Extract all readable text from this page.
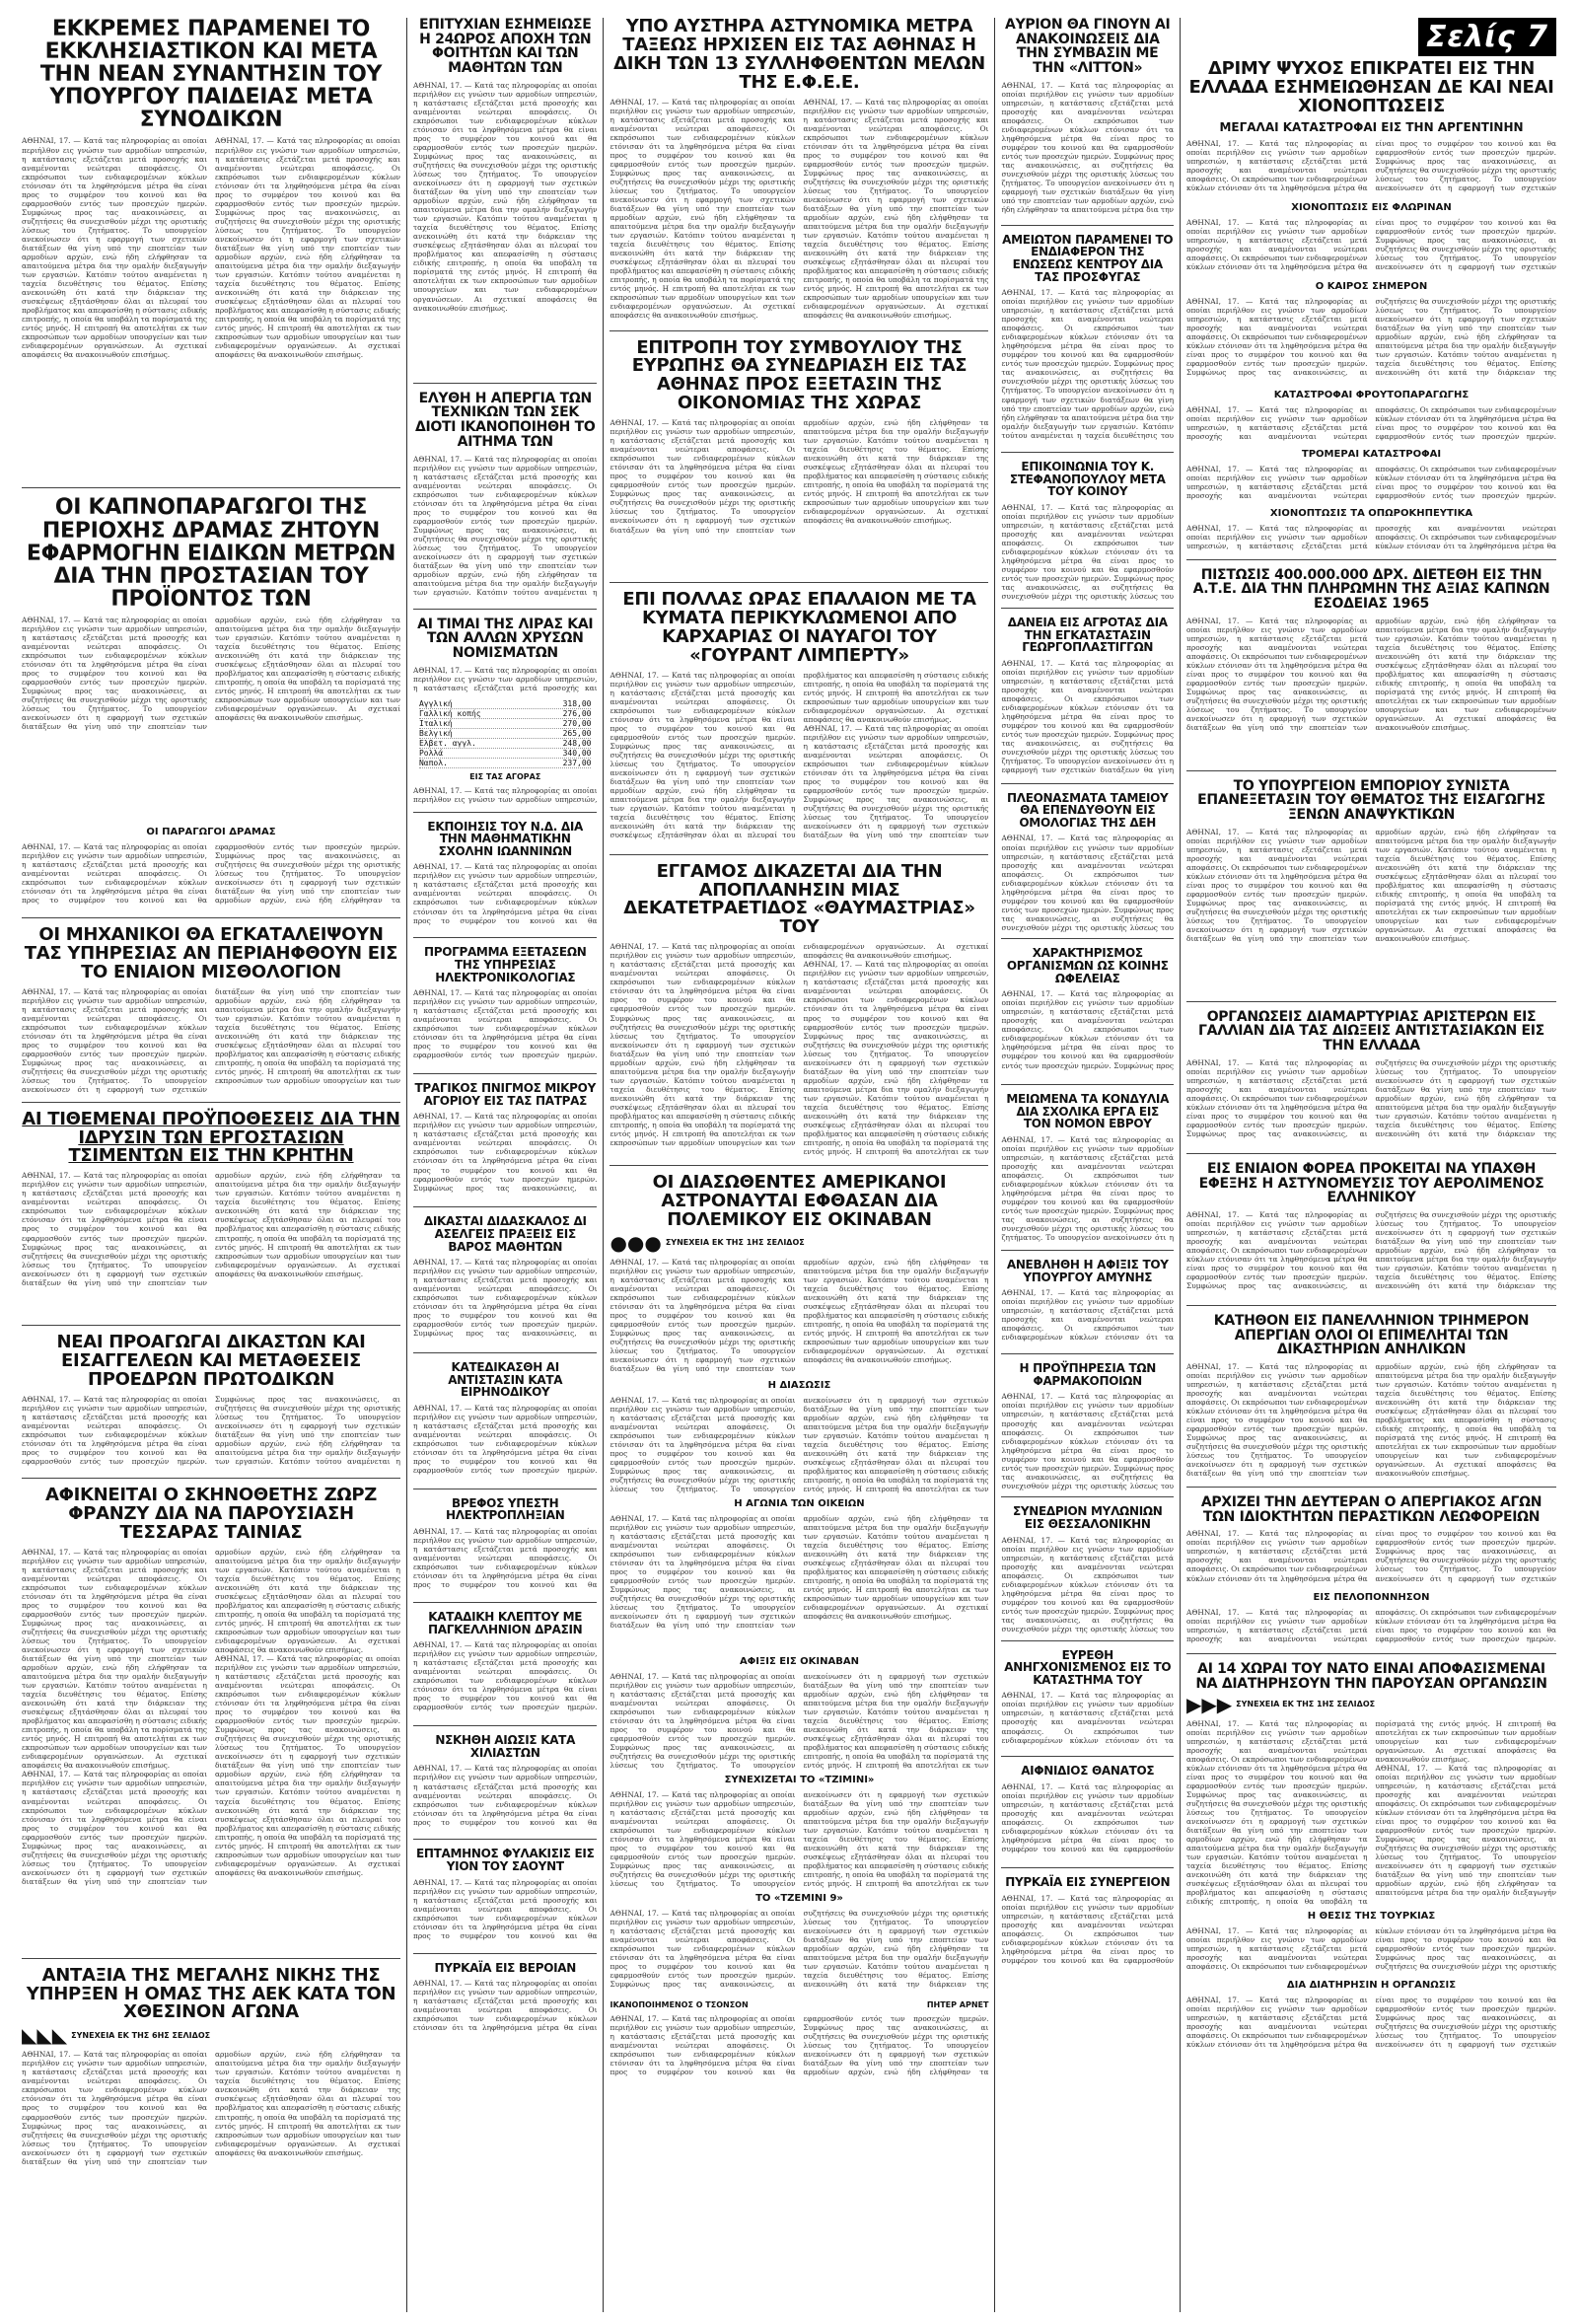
ΕΚΚΡΕΜΕΣ ΠΑΡΑΜΕΝΕΙ ΤΟ ΕΚΚΛΗΣΙΑΣΤΙΚΟΝ ΚΑΙ ΜΕΤΑ ΤΗΝ ΝΕΑΝ ΣΥΝΑΝΤΗΣΙΝ ΤΟΥ ΥΠΟΥΡΓΟΥ ΠΑΙΔΕΙΑΣ ΜΕΤΑ ΣΥΝΟΔΙΚΩΝ
ΑΘΗΝΑΙ, 17. — Κατά τας πληροφορίας αι οποίαι περιήλθον εις γνώσιν των αρμοδίων υπηρεσιών, η κατάστασις εξετάζεται μετά προσοχής και αναμένονται νεώτεραι αποφάσεις. Οι εκπρόσωποι των ενδιαφερομένων κύκλων ετόνισαν ότι τα ληφθησόμενα μέτρα θα είναι προς το συμφέρον του κοινού και θα εφαρμοσθούν εντός των προσεχών ημερών. Συμφώνως προς τας ανακοινώσεις, αι συζητήσεις θα συνεχισθούν μέχρι της οριστικής λύσεως του ζητήματος. Το υπουργείον ανεκοίνωσεν ότι η εφαρμογή των σχετικών διατάξεων θα γίνη υπό την εποπτείαν των αρμοδίων αρχών, ενώ ήδη ελήφθησαν τα απαιτούμενα μέτρα δια την ομαλήν διεξαγωγήν των εργασιών. Κατόπιν τούτου αναμένεται η ταχεία διευθέτησις του θέματος. Επίσης ανεκοινώθη ότι κατά την διάρκειαν της συσκέψεως εξητάσθησαν όλαι αι πλευραί του προβλήματος και απεφασίσθη η σύστασις ειδικής επιτροπής, η οποία θα υποβάλη τα πορίσματά της εντός μηνός. Η επιτροπή θα αποτελήται εκ των εκπροσώπων των αρμοδίων υπουργείων και των ενδιαφερομένων οργανώσεων. Αι σχετικαί αποφάσεις θα ανακοινωθούν επισήμως.
ΑΘΗΝΑΙ, 17. — Κατά τας πληροφορίας αι οποίαι περιήλθον εις γνώσιν των αρμοδίων υπηρεσιών, η κατάστασις εξετάζεται μετά προσοχής και αναμένονται νεώτεραι αποφάσεις. Οι εκπρόσωποι των ενδιαφερομένων κύκλων ετόνισαν ότι τα ληφθησόμενα μέτρα θα είναι προς το συμφέρον του κοινού και θα εφαρμοσθούν εντός των προσεχών ημερών. Συμφώνως προς τας ανακοινώσεις, αι συζητήσεις θα συνεχισθούν μέχρι της οριστικής λύσεως του ζητήματος. Το υπουργείον ανεκοίνωσεν ότι η εφαρμογή των σχετικών διατάξεων θα γίνη υπό την εποπτείαν των αρμοδίων αρχών, ενώ ήδη ελήφθησαν τα απαιτούμενα μέτρα δια την ομαλήν διεξαγωγήν των εργασιών. Κατόπιν τούτου αναμένεται η ταχεία διευθέτησις του θέματος. Επίσης ανεκοινώθη ότι κατά την διάρκειαν της συσκέψεως εξητάσθησαν όλαι αι πλευραί του προβλήματος και απεφασίσθη η σύστασις ειδικής επιτροπής, η οποία θα υποβάλη τα πορίσματά της εντός μηνός. Η επιτροπή θα αποτελήται εκ των εκπροσώπων των αρμοδίων υπουργείων και των ενδιαφερομένων οργανώσεων. Αι σχετικαί αποφάσεις θα ανακοινωθούν επισήμως.
ΟΙ ΚΑΠΝΟΠΑΡΑΓΩΓΟΙ ΤΗΣ ΠΕΡΙΟΧΗΣ ΔΡΑΜΑΣ ΖΗΤΟΥΝ ΕΦΑΡΜΟΓΗΝ ΕΙΔΙΚΩΝ ΜΕΤΡΩΝ ΔΙΑ ΤΗΝ ΠΡΟΣΤΑΣΙΑΝ ΤΟΥ ΠΡΟΪΟΝΤΟΣ ΤΩΝ
ΑΘΗΝΑΙ, 17. — Κατά τας πληροφορίας αι οποίαι περιήλθον εις γνώσιν των αρμοδίων υπηρεσιών, η κατάστασις εξετάζεται μετά προσοχής και αναμένονται νεώτεραι αποφάσεις. Οι εκπρόσωποι των ενδιαφερομένων κύκλων ετόνισαν ότι τα ληφθησόμενα μέτρα θα είναι προς το συμφέρον του κοινού και θα εφαρμοσθούν εντός των προσεχών ημερών. Συμφώνως προς τας ανακοινώσεις, αι συζητήσεις θα συνεχισθούν μέχρι της οριστικής λύσεως του ζητήματος. Το υπουργείον ανεκοίνωσεν ότι η εφαρμογή των σχετικών διατάξεων θα γίνη υπό την εποπτείαν των αρμοδίων αρχών, ενώ ήδη ελήφθησαν τα απαιτούμενα μέτρα δια την ομαλήν διεξαγωγήν των εργασιών. Κατόπιν τούτου αναμένεται η ταχεία διευθέτησις του θέματος. Επίσης ανεκοινώθη ότι κατά την διάρκειαν της συσκέψεως εξητάσθησαν όλαι αι πλευραί του προβλήματος και απεφασίσθη η σύστασις ειδικής επιτροπής, η οποία θα υποβάλη τα πορίσματά της εντός μηνός. Η επιτροπή θα αποτελήται εκ των εκπροσώπων των αρμοδίων υπουργείων και των ενδιαφερομένων οργανώσεων. Αι σχετικαί αποφάσεις θα ανακοινωθούν επισήμως.
ΟΙ ΠΑΡΑΓΩΓΟΙ ΔΡΑΜΑΣ
ΑΘΗΝΑΙ, 17. — Κατά τας πληροφορίας αι οποίαι περιήλθον εις γνώσιν των αρμοδίων υπηρεσιών, η κατάστασις εξετάζεται μετά προσοχής και αναμένονται νεώτεραι αποφάσεις. Οι εκπρόσωποι των ενδιαφερομένων κύκλων ετόνισαν ότι τα ληφθησόμενα μέτρα θα είναι προς το συμφέρον του κοινού και θα εφαρμοσθούν εντός των προσεχών ημερών. Συμφώνως προς τας ανακοινώσεις, αι συζητήσεις θα συνεχισθούν μέχρι της οριστικής λύσεως του ζητήματος. Το υπουργείον ανεκοίνωσεν ότι η εφαρμογή των σχετικών διατάξεων θα γίνη υπό την εποπτείαν των αρμοδίων αρχών, ενώ ήδη ελήφθησαν τα απαιτούμενα μέτρα δια την ομαλήν διεξαγωγήν των εργασιών. Κατόπιν τούτου αναμένεται η ταχεία διευθέτησις του θέματος.
ΟΙ ΜΗΧΑΝΙΚΟΙ ΘΑ ΕΓΚΑΤΑΛΕΙΨΟΥΝ ΤΑΣ ΥΠΗΡΕΣΙΑΣ ΑΝ ΠΕΡΙΑΗΦΘΟΥΝ ΕΙΣ ΤΟ ΕΝΙΑΙΟΝ ΜΙΣΘΟΛΟΓΙΟΝ
ΑΘΗΝΑΙ, 17. — Κατά τας πληροφορίας αι οποίαι περιήλθον εις γνώσιν των αρμοδίων υπηρεσιών, η κατάστασις εξετάζεται μετά προσοχής και αναμένονται νεώτεραι αποφάσεις. Οι εκπρόσωποι των ενδιαφερομένων κύκλων ετόνισαν ότι τα ληφθησόμενα μέτρα θα είναι προς το συμφέρον του κοινού και θα εφαρμοσθούν εντός των προσεχών ημερών. Συμφώνως προς τας ανακοινώσεις, αι συζητήσεις θα συνεχισθούν μέχρι της οριστικής λύσεως του ζητήματος. Το υπουργείον ανεκοίνωσεν ότι η εφαρμογή των σχετικών διατάξεων θα γίνη υπό την εποπτείαν των αρμοδίων αρχών, ενώ ήδη ελήφθησαν τα απαιτούμενα μέτρα δια την ομαλήν διεξαγωγήν των εργασιών. Κατόπιν τούτου αναμένεται η ταχεία διευθέτησις του θέματος. Επίσης ανεκοινώθη ότι κατά την διάρκειαν της συσκέψεως εξητάσθησαν όλαι αι πλευραί του προβλήματος και απεφασίσθη η σύστασις ειδικής επιτροπής, η οποία θα υποβάλη τα πορίσματά της εντός μηνός. Η επιτροπή θα αποτελήται εκ των εκπροσώπων των αρμοδίων υπουργείων και των ενδιαφερομένων οργανώσεων. Αι σχετικαί αποφάσεις θα ανακοινωθούν επισήμως.
ΑΙ ΤΙΘΕΜΕΝΑΙ ΠΡΟΫΠΟΘΕΣΕΙΣ ΔΙΑ ΤΗΝ ΙΔΡΥΣΙΝ ΤΩΝ ΕΡΓΟΣΤΑΣΙΩΝ ΤΣΙΜΕΝΤΩΝ ΕΙΣ ΤΗΝ ΚΡΗΤΗΝ
ΑΘΗΝΑΙ, 17. — Κατά τας πληροφορίας αι οποίαι περιήλθον εις γνώσιν των αρμοδίων υπηρεσιών, η κατάστασις εξετάζεται μετά προσοχής και αναμένονται νεώτεραι αποφάσεις. Οι εκπρόσωποι των ενδιαφερομένων κύκλων ετόνισαν ότι τα ληφθησόμενα μέτρα θα είναι προς το συμφέρον του κοινού και θα εφαρμοσθούν εντός των προσεχών ημερών. Συμφώνως προς τας ανακοινώσεις, αι συζητήσεις θα συνεχισθούν μέχρι της οριστικής λύσεως του ζητήματος. Το υπουργείον ανεκοίνωσεν ότι η εφαρμογή των σχετικών διατάξεων θα γίνη υπό την εποπτείαν των αρμοδίων αρχών, ενώ ήδη ελήφθησαν τα απαιτούμενα μέτρα δια την ομαλήν διεξαγωγήν των εργασιών. Κατόπιν τούτου αναμένεται η ταχεία διευθέτησις του θέματος. Επίσης ανεκοινώθη ότι κατά την διάρκειαν της συσκέψεως εξητάσθησαν όλαι αι πλευραί του προβλήματος και απεφασίσθη η σύστασις ειδικής επιτροπής, η οποία θα υποβάλη τα πορίσματά της εντός μηνός. Η επιτροπή θα αποτελήται εκ των εκπροσώπων των αρμοδίων υπουργείων και των ενδιαφερομένων οργανώσεων. Αι σχετικαί αποφάσεις θα ανακοινωθούν επισήμως.
ΝΕΑΙ ΠΡΟΑΓΩΓΑΙ ΔΙΚΑΣΤΩΝ ΚΑΙ ΕΙΣΑΓΓΕΛΕΩΝ ΚΑΙ ΜΕΤΑΘΕΣΕΙΣ ΠΡΟΕΔΡΩΝ ΠΡΩΤΟΔΙΚΩΝ
ΑΘΗΝΑΙ, 17. — Κατά τας πληροφορίας αι οποίαι περιήλθον εις γνώσιν των αρμοδίων υπηρεσιών, η κατάστασις εξετάζεται μετά προσοχής και αναμένονται νεώτεραι αποφάσεις. Οι εκπρόσωποι των ενδιαφερομένων κύκλων ετόνισαν ότι τα ληφθησόμενα μέτρα θα είναι προς το συμφέρον του κοινού και θα εφαρμοσθούν εντός των προσεχών ημερών. Συμφώνως προς τας ανακοινώσεις, αι συζητήσεις θα συνεχισθούν μέχρι της οριστικής λύσεως του ζητήματος. Το υπουργείον ανεκοίνωσεν ότι η εφαρμογή των σχετικών διατάξεων θα γίνη υπό την εποπτείαν των αρμοδίων αρχών, ενώ ήδη ελήφθησαν τα απαιτούμενα μέτρα δια την ομαλήν διεξαγωγήν των εργασιών. Κατόπιν τούτου αναμένεται η ταχεία διευθέτησις του θέματος. Επίσης ανεκοινώθη ότι κατά την διάρκειαν της συσκέψεως εξητάσθησαν όλαι αι πλευραί του προβλήματος και απεφασίσθη η σύστασις ειδικής επιτροπής, η οποία θα υποβάλη τα πορίσματά της εντός μηνός. Η επιτροπή θα αποτελήται εκ των εκπροσώπων των αρμοδίων υπουργείων και των ενδιαφερομένων οργανώσεων. Αι σχετικαί αποφάσεις θα ανακοινωθούν επισήμως.
ΑΦΙΚΝΕΙΤΑΙ Ο ΣΚΗΝΟΘΕΤΗΣ ΖΩΡΖ ΦΡΑΝΖΥ ΔΙΑ ΝΑ ΠΑΡΟΥΣΙΑΣΗ ΤΕΣΣΑΡΑΣ ΤΑΙΝΙΑΣ
ΑΘΗΝΑΙ, 17. — Κατά τας πληροφορίας αι οποίαι περιήλθον εις γνώσιν των αρμοδίων υπηρεσιών, η κατάστασις εξετάζεται μετά προσοχής και αναμένονται νεώτεραι αποφάσεις. Οι εκπρόσωποι των ενδιαφερομένων κύκλων ετόνισαν ότι τα ληφθησόμενα μέτρα θα είναι προς το συμφέρον του κοινού και θα εφαρμοσθούν εντός των προσεχών ημερών. Συμφώνως προς τας ανακοινώσεις, αι συζητήσεις θα συνεχισθούν μέχρι της οριστικής λύσεως του ζητήματος. Το υπουργείον ανεκοίνωσεν ότι η εφαρμογή των σχετικών διατάξεων θα γίνη υπό την εποπτείαν των αρμοδίων αρχών, ενώ ήδη ελήφθησαν τα απαιτούμενα μέτρα δια την ομαλήν διεξαγωγήν των εργασιών. Κατόπιν τούτου αναμένεται η ταχεία διευθέτησις του θέματος. Επίσης ανεκοινώθη ότι κατά την διάρκειαν της συσκέψεως εξητάσθησαν όλαι αι πλευραί του προβλήματος και απεφασίσθη η σύστασις ειδικής επιτροπής, η οποία θα υποβάλη τα πορίσματά της εντός μηνός. Η επιτροπή θα αποτελήται εκ των εκπροσώπων των αρμοδίων υπουργείων και των ενδιαφερομένων οργανώσεων. Αι σχετικαί αποφάσεις θα ανακοινωθούν επισήμως.
ΑΘΗΝΑΙ, 17. — Κατά τας πληροφορίας αι οποίαι περιήλθον εις γνώσιν των αρμοδίων υπηρεσιών, η κατάστασις εξετάζεται μετά προσοχής και αναμένονται νεώτεραι αποφάσεις. Οι εκπρόσωποι των ενδιαφερομένων κύκλων ετόνισαν ότι τα ληφθησόμενα μέτρα θα είναι προς το συμφέρον του κοινού και θα εφαρμοσθούν εντός των προσεχών ημερών. Συμφώνως προς τας ανακοινώσεις, αι συζητήσεις θα συνεχισθούν μέχρι της οριστικής λύσεως του ζητήματος. Το υπουργείον ανεκοίνωσεν ότι η εφαρμογή των σχετικών διατάξεων θα γίνη υπό την εποπτείαν των αρμοδίων αρχών, ενώ ήδη ελήφθησαν τα απαιτούμενα μέτρα δια την ομαλήν διεξαγωγήν των εργασιών. Κατόπιν τούτου αναμένεται η ταχεία διευθέτησις του θέματος. Επίσης ανεκοινώθη ότι κατά την διάρκειαν της συσκέψεως εξητάσθησαν όλαι αι πλευραί του προβλήματος και απεφασίσθη η σύστασις ειδικής επιτροπής, η οποία θα υποβάλη τα πορίσματά της εντός μηνός. Η επιτροπή θα αποτελήται εκ των εκπροσώπων των αρμοδίων υπουργείων και των ενδιαφερομένων οργανώσεων. Αι σχετικαί αποφάσεις θα ανακοινωθούν επισήμως.
ΑΘΗΝΑΙ, 17. — Κατά τας πληροφορίας αι οποίαι περιήλθον εις γνώσιν των αρμοδίων υπηρεσιών, η κατάστασις εξετάζεται μετά προσοχής και αναμένονται νεώτεραι αποφάσεις. Οι εκπρόσωποι των ενδιαφερομένων κύκλων ετόνισαν ότι τα ληφθησόμενα μέτρα θα είναι προς το συμφέρον του κοινού και θα εφαρμοσθούν εντός των προσεχών ημερών. Συμφώνως προς τας ανακοινώσεις, αι συζητήσεις θα συνεχισθούν μέχρι της οριστικής λύσεως του ζητήματος. Το υπουργείον ανεκοίνωσεν ότι η εφαρμογή των σχετικών διατάξεων θα γίνη υπό την εποπτείαν των αρμοδίων αρχών, ενώ ήδη ελήφθησαν τα απαιτούμενα μέτρα δια την ομαλήν διεξαγωγήν των εργασιών. Κατόπιν τούτου αναμένεται η ταχεία διευθέτησις του θέματος. Επίσης ανεκοινώθη ότι κατά την διάρκειαν της συσκέψεως εξητάσθησαν όλαι αι πλευραί του προβλήματος και απεφασίσθη η σύστασις ειδικής επιτροπής, η οποία θα υποβάλη τα πορίσματά της εντός μηνός. Η επιτροπή θα αποτελήται εκ των εκπροσώπων των αρμοδίων υπουργείων και των ενδιαφερομένων οργανώσεων. Αι σχετικαί αποφάσεις θα ανακοινωθούν επισήμως.
ΑΝΤΑΞΙΑ ΤΗΣ ΜΕΓΑΛΗΣ ΝΙΚΗΣ ΤΗΣ ΥΠΗΡΞΕΝ Η ΟΜΑΣ ΤΗΣ ΑΕΚ ΚΑΤΑ ΤΟΝ ΧΘΕΣΙΝΟΝ ΑΓΩΝΑ
◣◣◣ ΣΥΝΕΧΕΙΑ ΕΚ ΤΗΣ 6ΗΣ ΣΕΛΙΔΟΣ
ΑΘΗΝΑΙ, 17. — Κατά τας πληροφορίας αι οποίαι περιήλθον εις γνώσιν των αρμοδίων υπηρεσιών, η κατάστασις εξετάζεται μετά προσοχής και αναμένονται νεώτεραι αποφάσεις. Οι εκπρόσωποι των ενδιαφερομένων κύκλων ετόνισαν ότι τα ληφθησόμενα μέτρα θα είναι προς το συμφέρον του κοινού και θα εφαρμοσθούν εντός των προσεχών ημερών. Συμφώνως προς τας ανακοινώσεις, αι συζητήσεις θα συνεχισθούν μέχρι της οριστικής λύσεως του ζητήματος. Το υπουργείον ανεκοίνωσεν ότι η εφαρμογή των σχετικών διατάξεων θα γίνη υπό την εποπτείαν των αρμοδίων αρχών, ενώ ήδη ελήφθησαν τα απαιτούμενα μέτρα δια την ομαλήν διεξαγωγήν των εργασιών. Κατόπιν τούτου αναμένεται η ταχεία διευθέτησις του θέματος. Επίσης ανεκοινώθη ότι κατά την διάρκειαν της συσκέψεως εξητάσθησαν όλαι αι πλευραί του προβλήματος και απεφασίσθη η σύστασις ειδικής επιτροπής, η οποία θα υποβάλη τα πορίσματά της εντός μηνός. Η επιτροπή θα αποτελήται εκ των εκπροσώπων των αρμοδίων υπουργείων και των ενδιαφερομένων οργανώσεων. Αι σχετικαί αποφάσεις θα ανακοινωθούν επισήμως.
ΕΠΙΤΥΧΙΑΝ ΕΣΗΜΕΙΩΣΕ Η 24ΩΡΟΣ ΑΠΟΧΗ ΤΩΝ ΦΟΙΤΗΤΩΝ ΚΑΙ ΤΩΝ ΜΑΘΗΤΩΝ ΤΩΝ
ΑΘΗΝΑΙ, 17. — Κατά τας πληροφορίας αι οποίαι περιήλθον εις γνώσιν των αρμοδίων υπηρεσιών, η κατάστασις εξετάζεται μετά προσοχής και αναμένονται νεώτεραι αποφάσεις. Οι εκπρόσωποι των ενδιαφερομένων κύκλων ετόνισαν ότι τα ληφθησόμενα μέτρα θα είναι προς το συμφέρον του κοινού και θα εφαρμοσθούν εντός των προσεχών ημερών. Συμφώνως προς τας ανακοινώσεις, αι συζητήσεις θα συνεχισθούν μέχρι της οριστικής λύσεως του ζητήματος. Το υπουργείον ανεκοίνωσεν ότι η εφαρμογή των σχετικών διατάξεων θα γίνη υπό την εποπτείαν των αρμοδίων αρχών, ενώ ήδη ελήφθησαν τα απαιτούμενα μέτρα δια την ομαλήν διεξαγωγήν των εργασιών. Κατόπιν τούτου αναμένεται η ταχεία διευθέτησις του θέματος. Επίσης ανεκοινώθη ότι κατά την διάρκειαν της συσκέψεως εξητάσθησαν όλαι αι πλευραί του προβλήματος και απεφασίσθη η σύστασις ειδικής επιτροπής, η οποία θα υποβάλη τα πορίσματά της εντός μηνός. Η επιτροπή θα αποτελήται εκ των εκπροσώπων των αρμοδίων υπουργείων και των ενδιαφερομένων οργανώσεων. Αι σχετικαί αποφάσεις θα ανακοινωθούν επισήμως.
ΕΛΥΘΗ Η ΑΠΕΡΓΙΑ ΤΩΝ ΤΕΧΝΙΚΩΝ ΤΩΝ ΣΕΚ ΔΙΟΤΙ ΙΚΑΝΟΠΟΙΗΘΗ ΤΟ ΑΙΤΗΜΑ ΤΩΝ
ΑΘΗΝΑΙ, 17. — Κατά τας πληροφορίας αι οποίαι περιήλθον εις γνώσιν των αρμοδίων υπηρεσιών, η κατάστασις εξετάζεται μετά προσοχής και αναμένονται νεώτεραι αποφάσεις. Οι εκπρόσωποι των ενδιαφερομένων κύκλων ετόνισαν ότι τα ληφθησόμενα μέτρα θα είναι προς το συμφέρον του κοινού και θα εφαρμοσθούν εντός των προσεχών ημερών. Συμφώνως προς τας ανακοινώσεις, αι συζητήσεις θα συνεχισθούν μέχρι της οριστικής λύσεως του ζητήματος. Το υπουργείον ανεκοίνωσεν ότι η εφαρμογή των σχετικών διατάξεων θα γίνη υπό την εποπτείαν των αρμοδίων αρχών, ενώ ήδη ελήφθησαν τα απαιτούμενα μέτρα δια την ομαλήν διεξαγωγήν των εργασιών. Κατόπιν τούτου αναμένεται η ταχεία διευθέτησις του θέματος. Επίσης ανεκοινώθη ότι κατά την διάρκειαν της συσκέψεως εξητάσθησαν όλαι αι πλευραί του προβλήματος και απεφασίσθη η σύστασις ειδικής επιτροπής, η οποία θα υποβάλη τα πορίσματά της εντός μηνός. Η επιτροπή θα αποτελήται εκ των εκπροσώπων των αρμοδίων υπουργείων και των ενδιαφερομένων οργανώσεων. Αι σχετικαί αποφάσεις θα ανακοινωθούν επισήμως.
ΑΙ ΤΙΜΑΙ ΤΗΣ ΛΙΡΑΣ ΚΑΙ ΤΩΝ ΑΛΛΩΝ ΧΡΥΣΩΝ ΝΟΜΙΣΜΑΤΩΝ
ΑΘΗΝΑΙ, 17. — Κατά τας πληροφορίας αι οποίαι περιήλθον εις γνώσιν των αρμοδίων υπηρεσιών, η κατάστασις εξετάζεται μετά προσοχής και αναμένονται νεώτεραι αποφάσεις. Οι εκπρόσωποι των ενδιαφερομένων κύκλων ετόνισαν ότι τα ληφθησόμενα μέτρα θα είναι προς το συμφέρον του κοινού και θα εφαρμοσθούν εντός των προσεχών ημερών. Συμφώνως προς τας ανακοινώσεις, αι συζητήσεις θα συνεχισθούν μέχρι της οριστικής λύσεως του ζητήματος. Το υπουργείον ανεκοίνωσεν ότι η εφαρμογή των σχετικών διατάξεων θα γίνη υπό την εποπτείαν των αρμοδίων αρχών, ενώ ήδη ελήφθησαν τα απαιτούμενα μέτρα δια την ομαλήν διεξαγωγήν των εργασιών. Κατόπιν τούτου αναμένεται η ταχεία διευθέτησις του θέματος.
Αγγλική	318,00
Γαλλική κοπής	276,00
Ιταλική	270,00
Βελγική	265,00
Ελβετ. αγγλ.	248,00
Ρολλά	340,00
Ναπολ.	237,00
ΕΙΣ ΤΑΣ ΑΓΟΡΑΣ
ΑΘΗΝΑΙ, 17. — Κατά τας πληροφορίας αι οποίαι περιήλθον εις γνώσιν των αρμοδίων υπηρεσιών, η κατάστασις εξετάζεται μετά προσοχής και αναμένονται νεώτεραι αποφάσεις. Οι εκπρόσωποι των ενδιαφερομένων κύκλων ετόνισαν ότι τα ληφθησόμενα μέτρα θα είναι προς το συμφέρον του κοινού και θα εφαρμοσθούν εντός των προσεχών ημερών. Συμφώνως προς τας ανακοινώσεις, αι συζητήσεις θα συνεχισθούν μέχρι της οριστικής λύσεως του ζητήματος. Το υπουργείον ανεκοίνωσεν ότι η εφαρμογή των σχετικών διατάξεων θα γίνη υπό την εποπτείαν των αρμοδίων αρχών, ενώ ήδη ελήφθησαν τα απαιτούμενα μέτρα δια την ομαλήν διεξαγωγήν των εργασιών. Κατόπιν τούτου αναμένεται η ταχεία διευθέτησις του θέματος.
ΕΚΠΟΙΗΣΙΣ ΤΟΥ Ν.Δ. ΔΙΑ ΤΗΝ ΜΑΘΗΜΑΤΙΚΗΝ ΣΧΟΛΗΝ ΙΩΑΝΝΙΝΩΝ
ΑΘΗΝΑΙ, 17. — Κατά τας πληροφορίας αι οποίαι περιήλθον εις γνώσιν των αρμοδίων υπηρεσιών, η κατάστασις εξετάζεται μετά προσοχής και αναμένονται νεώτεραι αποφάσεις. Οι εκπρόσωποι των ενδιαφερομένων κύκλων ετόνισαν ότι τα ληφθησόμενα μέτρα θα είναι προς το συμφέρον του κοινού και θα εφαρμοσθούν εντός των προσεχών ημερών. Συμφώνως προς τας ανακοινώσεις, αι συζητήσεις θα συνεχισθούν μέχρι της οριστικής λύσεως του ζητήματος. Το υπουργείον ανεκοίνωσεν ότι η εφαρμογή των σχετικών διατάξεων θα γίνη υπό την εποπτείαν των αρμοδίων αρχών, ενώ ήδη ελήφθησαν τα απαιτούμενα μέτρα δια την ομαλήν διεξαγωγήν των εργασιών. Κατόπιν τούτου αναμένεται η ταχεία διευθέτησις του θέματος.
ΠΡΟΓΡΑΜΜΑ ΕΞΕΤΑΣΕΩΝ ΤΗΣ ΥΠΗΡΕΣΙΑΣ ΗΛΕΚΤΡΟΝΙΚΟΛΟΓΙΑΣ
ΑΘΗΝΑΙ, 17. — Κατά τας πληροφορίας αι οποίαι περιήλθον εις γνώσιν των αρμοδίων υπηρεσιών, η κατάστασις εξετάζεται μετά προσοχής και αναμένονται νεώτεραι αποφάσεις. Οι εκπρόσωποι των ενδιαφερομένων κύκλων ετόνισαν ότι τα ληφθησόμενα μέτρα θα είναι προς το συμφέρον του κοινού και θα εφαρμοσθούν εντός των προσεχών ημερών. Συμφώνως προς τας ανακοινώσεις, αι συζητήσεις θα συνεχισθούν μέχρι της οριστικής λύσεως του ζητήματος. Το υπουργείον ανεκοίνωσεν ότι η εφαρμογή των σχετικών διατάξεων θα γίνη υπό την εποπτείαν των αρμοδίων αρχών, ενώ ήδη ελήφθησαν τα απαιτούμενα μέτρα δια την ομαλήν διεξαγωγήν των εργασιών. Κατόπιν τούτου αναμένεται η ταχεία διευθέτησις του θέματος.
ΤΡΑΓΙΚΟΣ ΠΝΙΓΜΟΣ ΜΙΚΡΟΥ ΑΓΟΡΙΟΥ ΕΙΣ ΤΑΣ ΠΑΤΡΑΣ
ΑΘΗΝΑΙ, 17. — Κατά τας πληροφορίας αι οποίαι περιήλθον εις γνώσιν των αρμοδίων υπηρεσιών, η κατάστασις εξετάζεται μετά προσοχής και αναμένονται νεώτεραι αποφάσεις. Οι εκπρόσωποι των ενδιαφερομένων κύκλων ετόνισαν ότι τα ληφθησόμενα μέτρα θα είναι προς το συμφέρον του κοινού και θα εφαρμοσθούν εντός των προσεχών ημερών. Συμφώνως προς τας ανακοινώσεις, αι συζητήσεις θα συνεχισθούν μέχρι της οριστικής λύσεως του ζητήματος. Το υπουργείον ανεκοίνωσεν ότι η εφαρμογή των σχετικών διατάξεων θα γίνη υπό την εποπτείαν των αρμοδίων αρχών, ενώ ήδη ελήφθησαν τα απαιτούμενα μέτρα δια την ομαλήν διεξαγωγήν των εργασιών. Κατόπιν τούτου αναμένεται η ταχεία διευθέτησις του θέματος.
ΔΙΚΑΣΤΑΙ ΔΙΔΑΣΚΑΛΟΣ ΔΙ ΑΣΕΛΓΕΙΣ ΠΡΑΞΕΙΣ ΕΙΣ ΒΑΡΟΣ ΜΑΘΗΤΩΝ
ΑΘΗΝΑΙ, 17. — Κατά τας πληροφορίας αι οποίαι περιήλθον εις γνώσιν των αρμοδίων υπηρεσιών, η κατάστασις εξετάζεται μετά προσοχής και αναμένονται νεώτεραι αποφάσεις. Οι εκπρόσωποι των ενδιαφερομένων κύκλων ετόνισαν ότι τα ληφθησόμενα μέτρα θα είναι προς το συμφέρον του κοινού και θα εφαρμοσθούν εντός των προσεχών ημερών. Συμφώνως προς τας ανακοινώσεις, αι συζητήσεις θα συνεχισθούν μέχρι της οριστικής λύσεως του ζητήματος. Το υπουργείον ανεκοίνωσεν ότι η εφαρμογή των σχετικών διατάξεων θα γίνη υπό την εποπτείαν των αρμοδίων αρχών, ενώ ήδη ελήφθησαν τα απαιτούμενα μέτρα δια την ομαλήν διεξαγωγήν των εργασιών. Κατόπιν τούτου αναμένεται η ταχεία διευθέτησις του θέματος.
ΚΑΤΕΔΙΚΑΣΘΗ ΑΙ ΑΝΤΙΣΤΑΣΙΝ ΚΑΤΑ ΕΙΡΗΝΟΔΙΚΟΥ
ΑΘΗΝΑΙ, 17. — Κατά τας πληροφορίας αι οποίαι περιήλθον εις γνώσιν των αρμοδίων υπηρεσιών, η κατάστασις εξετάζεται μετά προσοχής και αναμένονται νεώτεραι αποφάσεις. Οι εκπρόσωποι των ενδιαφερομένων κύκλων ετόνισαν ότι τα ληφθησόμενα μέτρα θα είναι προς το συμφέρον του κοινού και θα εφαρμοσθούν εντός των προσεχών ημερών. Συμφώνως προς τας ανακοινώσεις, αι συζητήσεις θα συνεχισθούν μέχρι της οριστικής λύσεως του ζητήματος. Το υπουργείον ανεκοίνωσεν ότι η εφαρμογή των σχετικών διατάξεων θα γίνη υπό την εποπτείαν των αρμοδίων αρχών, ενώ ήδη ελήφθησαν τα απαιτούμενα μέτρα δια την ομαλήν διεξαγωγήν των εργασιών. Κατόπιν τούτου αναμένεται η ταχεία διευθέτησις του θέματος.
ΒΡΕΦΟΣ ΥΠΕΣΤΗ ΗΛΕΚΤΡΟΠΛΗΞΙΑΝ
ΑΘΗΝΑΙ, 17. — Κατά τας πληροφορίας αι οποίαι περιήλθον εις γνώσιν των αρμοδίων υπηρεσιών, η κατάστασις εξετάζεται μετά προσοχής και αναμένονται νεώτεραι αποφάσεις. Οι εκπρόσωποι των ενδιαφερομένων κύκλων ετόνισαν ότι τα ληφθησόμενα μέτρα θα είναι προς το συμφέρον του κοινού και θα εφαρμοσθούν εντός των προσεχών ημερών. Συμφώνως προς τας ανακοινώσεις, αι συζητήσεις θα συνεχισθούν μέχρι της οριστικής λύσεως του ζητήματος. Το υπουργείον ανεκοίνωσεν ότι η εφαρμογή των σχετικών διατάξεων θα γίνη υπό την εποπτείαν των αρμοδίων αρχών, ενώ ήδη ελήφθησαν τα απαιτούμενα μέτρα δια την ομαλήν διεξαγωγήν των εργασιών. Κατόπιν τούτου αναμένεται η ταχεία διευθέτησις του θέματος.
ΚΑΤΑΔΙΚΗ ΚΛΕΠΤΟΥ ΜΕ ΠΑΓΚΕΛΛΗΝΙΟΝ ΔΡΑΣΙΝ
ΑΘΗΝΑΙ, 17. — Κατά τας πληροφορίας αι οποίαι περιήλθον εις γνώσιν των αρμοδίων υπηρεσιών, η κατάστασις εξετάζεται μετά προσοχής και αναμένονται νεώτεραι αποφάσεις. Οι εκπρόσωποι των ενδιαφερομένων κύκλων ετόνισαν ότι τα ληφθησόμενα μέτρα θα είναι προς το συμφέρον του κοινού και θα εφαρμοσθούν εντός των προσεχών ημερών. Συμφώνως προς τας ανακοινώσεις, αι συζητήσεις θα συνεχισθούν μέχρι της οριστικής λύσεως του ζητήματος. Το υπουργείον ανεκοίνωσεν ότι η εφαρμογή των σχετικών διατάξεων θα γίνη υπό την εποπτείαν των αρμοδίων αρχών, ενώ ήδη ελήφθησαν τα απαιτούμενα μέτρα δια την ομαλήν διεξαγωγήν των εργασιών. Κατόπιν τούτου αναμένεται η ταχεία διευθέτησις του θέματος.
ΝΣΚΗΘΗ ΑΙΩΣΙΣ ΚΑΤΑ ΧΙΛΙΑΣΤΩΝ
ΑΘΗΝΑΙ, 17. — Κατά τας πληροφορίας αι οποίαι περιήλθον εις γνώσιν των αρμοδίων υπηρεσιών, η κατάστασις εξετάζεται μετά προσοχής και αναμένονται νεώτεραι αποφάσεις. Οι εκπρόσωποι των ενδιαφερομένων κύκλων ετόνισαν ότι τα ληφθησόμενα μέτρα θα είναι προς το συμφέρον του κοινού και θα εφαρμοσθούν εντός των προσεχών ημερών. Συμφώνως προς τας ανακοινώσεις, αι συζητήσεις θα συνεχισθούν μέχρι της οριστικής λύσεως του ζητήματος. Το υπουργείον ανεκοίνωσεν ότι η εφαρμογή των σχετικών διατάξεων θα γίνη υπό την εποπτείαν των αρμοδίων αρχών, ενώ ήδη ελήφθησαν τα απαιτούμενα μέτρα δια την ομαλήν διεξαγωγήν των εργασιών. Κατόπιν τούτου αναμένεται η ταχεία διευθέτησις του θέματος.
ΕΠΤΑΜΗΝΟΣ ΦΥΛΑΚΙΣΙΣ ΕΙΣ ΥΙΟΝ ΤΟΥ ΣΑΟΥΝΤ
ΑΘΗΝΑΙ, 17. — Κατά τας πληροφορίας αι οποίαι περιήλθον εις γνώσιν των αρμοδίων υπηρεσιών, η κατάστασις εξετάζεται μετά προσοχής και αναμένονται νεώτεραι αποφάσεις. Οι εκπρόσωποι των ενδιαφερομένων κύκλων ετόνισαν ότι τα ληφθησόμενα μέτρα θα είναι προς το συμφέρον του κοινού και θα εφαρμοσθούν εντός των προσεχών ημερών. Συμφώνως προς τας ανακοινώσεις, αι συζητήσεις θα συνεχισθούν μέχρι της οριστικής λύσεως του ζητήματος. Το υπουργείον ανεκοίνωσεν ότι η εφαρμογή των σχετικών διατάξεων θα γίνη υπό την εποπτείαν των αρμοδίων αρχών, ενώ ήδη ελήφθησαν τα απαιτούμενα μέτρα δια την ομαλήν διεξαγωγήν των εργασιών. Κατόπιν τούτου αναμένεται η ταχεία διευθέτησις του θέματος.
ΠΥΡΚΑΪΑ ΕΙΣ ΒΕΡΟΙΑΝ
ΑΘΗΝΑΙ, 17. — Κατά τας πληροφορίας αι οποίαι περιήλθον εις γνώσιν των αρμοδίων υπηρεσιών, η κατάστασις εξετάζεται μετά προσοχής και αναμένονται νεώτεραι αποφάσεις. Οι εκπρόσωποι των ενδιαφερομένων κύκλων ετόνισαν ότι τα ληφθησόμενα μέτρα θα είναι προς το συμφέρον του κοινού και θα εφαρμοσθούν εντός των προσεχών ημερών. Συμφώνως προς τας ανακοινώσεις, αι συζητήσεις θα συνεχισθούν μέχρι της οριστικής λύσεως του ζητήματος. Το υπουργείον ανεκοίνωσεν ότι η εφαρμογή των σχετικών διατάξεων θα γίνη υπό την εποπτείαν των αρμοδίων αρχών, ενώ ήδη ελήφθησαν τα απαιτούμενα μέτρα δια την ομαλήν διεξαγωγήν των εργασιών. Κατόπιν τούτου αναμένεται η ταχεία διευθέτησις του θέματος.
ΥΠΟ ΑΥΣΤΗΡΑ ΑΣΤΥΝΟΜΙΚΑ ΜΕΤΡΑ ΤΑΞΕΩΣ ΗΡΧΙΣΕΝ ΕΙΣ ΤΑΣ ΑΘΗΝΑΣ Η ΔΙΚΗ ΤΩΝ 13 ΣΥΛΛΗΦΘΕΝΤΩΝ ΜΕΛΩΝ ΤΗΣ Ε.Φ.Ε.Ε.
ΑΘΗΝΑΙ, 17. — Κατά τας πληροφορίας αι οποίαι περιήλθον εις γνώσιν των αρμοδίων υπηρεσιών, η κατάστασις εξετάζεται μετά προσοχής και αναμένονται νεώτεραι αποφάσεις. Οι εκπρόσωποι των ενδιαφερομένων κύκλων ετόνισαν ότι τα ληφθησόμενα μέτρα θα είναι προς το συμφέρον του κοινού και θα εφαρμοσθούν εντός των προσεχών ημερών. Συμφώνως προς τας ανακοινώσεις, αι συζητήσεις θα συνεχισθούν μέχρι της οριστικής λύσεως του ζητήματος. Το υπουργείον ανεκοίνωσεν ότι η εφαρμογή των σχετικών διατάξεων θα γίνη υπό την εποπτείαν των αρμοδίων αρχών, ενώ ήδη ελήφθησαν τα απαιτούμενα μέτρα δια την ομαλήν διεξαγωγήν των εργασιών. Κατόπιν τούτου αναμένεται η ταχεία διευθέτησις του θέματος. Επίσης ανεκοινώθη ότι κατά την διάρκειαν της συσκέψεως εξητάσθησαν όλαι αι πλευραί του προβλήματος και απεφασίσθη η σύστασις ειδικής επιτροπής, η οποία θα υποβάλη τα πορίσματά της εντός μηνός. Η επιτροπή θα αποτελήται εκ των εκπροσώπων των αρμοδίων υπουργείων και των ενδιαφερομένων οργανώσεων. Αι σχετικαί αποφάσεις θα ανακοινωθούν επισήμως.
ΑΘΗΝΑΙ, 17. — Κατά τας πληροφορίας αι οποίαι περιήλθον εις γνώσιν των αρμοδίων υπηρεσιών, η κατάστασις εξετάζεται μετά προσοχής και αναμένονται νεώτεραι αποφάσεις. Οι εκπρόσωποι των ενδιαφερομένων κύκλων ετόνισαν ότι τα ληφθησόμενα μέτρα θα είναι προς το συμφέρον του κοινού και θα εφαρμοσθούν εντός των προσεχών ημερών. Συμφώνως προς τας ανακοινώσεις, αι συζητήσεις θα συνεχισθούν μέχρι της οριστικής λύσεως του ζητήματος. Το υπουργείον ανεκοίνωσεν ότι η εφαρμογή των σχετικών διατάξεων θα γίνη υπό την εποπτείαν των αρμοδίων αρχών, ενώ ήδη ελήφθησαν τα απαιτούμενα μέτρα δια την ομαλήν διεξαγωγήν των εργασιών. Κατόπιν τούτου αναμένεται η ταχεία διευθέτησις του θέματος. Επίσης ανεκοινώθη ότι κατά την διάρκειαν της συσκέψεως εξητάσθησαν όλαι αι πλευραί του προβλήματος και απεφασίσθη η σύστασις ειδικής επιτροπής, η οποία θα υποβάλη τα πορίσματά της εντός μηνός. Η επιτροπή θα αποτελήται εκ των εκπροσώπων των αρμοδίων υπουργείων και των ενδιαφερομένων οργανώσεων. Αι σχετικαί αποφάσεις θα ανακοινωθούν επισήμως.
ΕΠΙΤΡΟΠΗ ΤΟΥ ΣΥΜΒΟΥΛΙΟΥ ΤΗΣ ΕΥΡΩΠΗΣ ΘΑ ΣΥΝΕΔΡΙΑΣΗ ΕΙΣ ΤΑΣ ΑΘΗΝΑΣ ΠΡΟΣ ΕΞΕΤΑΣΙΝ ΤΗΣ ΟΙΚΟΝΟΜΙΑΣ ΤΗΣ ΧΩΡΑΣ
ΑΘΗΝΑΙ, 17. — Κατά τας πληροφορίας αι οποίαι περιήλθον εις γνώσιν των αρμοδίων υπηρεσιών, η κατάστασις εξετάζεται μετά προσοχής και αναμένονται νεώτεραι αποφάσεις. Οι εκπρόσωποι των ενδιαφερομένων κύκλων ετόνισαν ότι τα ληφθησόμενα μέτρα θα είναι προς το συμφέρον του κοινού και θα εφαρμοσθούν εντός των προσεχών ημερών. Συμφώνως προς τας ανακοινώσεις, αι συζητήσεις θα συνεχισθούν μέχρι της οριστικής λύσεως του ζητήματος. Το υπουργείον ανεκοίνωσεν ότι η εφαρμογή των σχετικών διατάξεων θα γίνη υπό την εποπτείαν των αρμοδίων αρχών, ενώ ήδη ελήφθησαν τα απαιτούμενα μέτρα δια την ομαλήν διεξαγωγήν των εργασιών. Κατόπιν τούτου αναμένεται η ταχεία διευθέτησις του θέματος. Επίσης ανεκοινώθη ότι κατά την διάρκειαν της συσκέψεως εξητάσθησαν όλαι αι πλευραί του προβλήματος και απεφασίσθη η σύστασις ειδικής επιτροπής, η οποία θα υποβάλη τα πορίσματά της εντός μηνός. Η επιτροπή θα αποτελήται εκ των εκπροσώπων των αρμοδίων υπουργείων και των ενδιαφερομένων οργανώσεων. Αι σχετικαί αποφάσεις θα ανακοινωθούν επισήμως.
ΕΠΙ ΠΟΛΛΑΣ ΩΡΑΣ ΕΠΑΛΑΙΟΝ ΜΕ ΤΑ ΚΥΜΑΤΑ ΠΕΡΙΚΥΚΛΩΜΕΝΟΙ ΑΠΟ ΚΑΡΧΑΡΙΑΣ ΟΙ ΝΑΥΑΓΟΙ ΤΟΥ «ΓΟΥΡΑΝΤ ΛΙΜΠΕΡΤΥ»
ΑΘΗΝΑΙ, 17. — Κατά τας πληροφορίας αι οποίαι περιήλθον εις γνώσιν των αρμοδίων υπηρεσιών, η κατάστασις εξετάζεται μετά προσοχής και αναμένονται νεώτεραι αποφάσεις. Οι εκπρόσωποι των ενδιαφερομένων κύκλων ετόνισαν ότι τα ληφθησόμενα μέτρα θα είναι προς το συμφέρον του κοινού και θα εφαρμοσθούν εντός των προσεχών ημερών. Συμφώνως προς τας ανακοινώσεις, αι συζητήσεις θα συνεχισθούν μέχρι της οριστικής λύσεως του ζητήματος. Το υπουργείον ανεκοίνωσεν ότι η εφαρμογή των σχετικών διατάξεων θα γίνη υπό την εποπτείαν των αρμοδίων αρχών, ενώ ήδη ελήφθησαν τα απαιτούμενα μέτρα δια την ομαλήν διεξαγωγήν των εργασιών. Κατόπιν τούτου αναμένεται η ταχεία διευθέτησις του θέματος. Επίσης ανεκοινώθη ότι κατά την διάρκειαν της συσκέψεως εξητάσθησαν όλαι αι πλευραί του προβλήματος και απεφασίσθη η σύστασις ειδικής επιτροπής, η οποία θα υποβάλη τα πορίσματά της εντός μηνός. Η επιτροπή θα αποτελήται εκ των εκπροσώπων των αρμοδίων υπουργείων και των ενδιαφερομένων οργανώσεων. Αι σχετικαί αποφάσεις θα ανακοινωθούν επισήμως.
ΑΘΗΝΑΙ, 17. — Κατά τας πληροφορίας αι οποίαι περιήλθον εις γνώσιν των αρμοδίων υπηρεσιών, η κατάστασις εξετάζεται μετά προσοχής και αναμένονται νεώτεραι αποφάσεις. Οι εκπρόσωποι των ενδιαφερομένων κύκλων ετόνισαν ότι τα ληφθησόμενα μέτρα θα είναι προς το συμφέρον του κοινού και θα εφαρμοσθούν εντός των προσεχών ημερών. Συμφώνως προς τας ανακοινώσεις, αι συζητήσεις θα συνεχισθούν μέχρι της οριστικής λύσεως του ζητήματος. Το υπουργείον ανεκοίνωσεν ότι η εφαρμογή των σχετικών διατάξεων θα γίνη υπό την εποπτείαν των αρμοδίων αρχών, ενώ ήδη ελήφθησαν τα απαιτούμενα μέτρα δια την ομαλήν διεξαγωγήν των εργασιών. Κατόπιν τούτου αναμένεται η ταχεία διευθέτησις του θέματος.
ΕΓΓΑΜΟΣ ΔΙΚΑΖΕΤΑΙ ΔΙΑ ΤΗΝ ΑΠΟΠΛΑΝΗΣΙΝ ΜΙΑΣ ΔΕΚΑΤΕΤΡΑΕΤΙΔΟΣ «ΘΑΥΜΑΣΤΡΙΑΣ» ΤΟΥ
ΑΘΗΝΑΙ, 17. — Κατά τας πληροφορίας αι οποίαι περιήλθον εις γνώσιν των αρμοδίων υπηρεσιών, η κατάστασις εξετάζεται μετά προσοχής και αναμένονται νεώτεραι αποφάσεις. Οι εκπρόσωποι των ενδιαφερομένων κύκλων ετόνισαν ότι τα ληφθησόμενα μέτρα θα είναι προς το συμφέρον του κοινού και θα εφαρμοσθούν εντός των προσεχών ημερών. Συμφώνως προς τας ανακοινώσεις, αι συζητήσεις θα συνεχισθούν μέχρι της οριστικής λύσεως του ζητήματος. Το υπουργείον ανεκοίνωσεν ότι η εφαρμογή των σχετικών διατάξεων θα γίνη υπό την εποπτείαν των αρμοδίων αρχών, ενώ ήδη ελήφθησαν τα απαιτούμενα μέτρα δια την ομαλήν διεξαγωγήν των εργασιών. Κατόπιν τούτου αναμένεται η ταχεία διευθέτησις του θέματος. Επίσης ανεκοινώθη ότι κατά την διάρκειαν της συσκέψεως εξητάσθησαν όλαι αι πλευραί του προβλήματος και απεφασίσθη η σύστασις ειδικής επιτροπής, η οποία θα υποβάλη τα πορίσματά της εντός μηνός. Η επιτροπή θα αποτελήται εκ των εκπροσώπων των αρμοδίων υπουργείων και των ενδιαφερομένων οργανώσεων. Αι σχετικαί αποφάσεις θα ανακοινωθούν επισήμως.
ΑΘΗΝΑΙ, 17. — Κατά τας πληροφορίας αι οποίαι περιήλθον εις γνώσιν των αρμοδίων υπηρεσιών, η κατάστασις εξετάζεται μετά προσοχής και αναμένονται νεώτεραι αποφάσεις. Οι εκπρόσωποι των ενδιαφερομένων κύκλων ετόνισαν ότι τα ληφθησόμενα μέτρα θα είναι προς το συμφέρον του κοινού και θα εφαρμοσθούν εντός των προσεχών ημερών. Συμφώνως προς τας ανακοινώσεις, αι συζητήσεις θα συνεχισθούν μέχρι της οριστικής λύσεως του ζητήματος. Το υπουργείον ανεκοίνωσεν ότι η εφαρμογή των σχετικών διατάξεων θα γίνη υπό την εποπτείαν των αρμοδίων αρχών, ενώ ήδη ελήφθησαν τα απαιτούμενα μέτρα δια την ομαλήν διεξαγωγήν των εργασιών. Κατόπιν τούτου αναμένεται η ταχεία διευθέτησις του θέματος. Επίσης ανεκοινώθη ότι κατά την διάρκειαν της συσκέψεως εξητάσθησαν όλαι αι πλευραί του προβλήματος και απεφασίσθη η σύστασις ειδικής επιτροπής, η οποία θα υποβάλη τα πορίσματά της εντός μηνός. Η επιτροπή θα αποτελήται εκ των εκπροσώπων των αρμοδίων υπουργείων και των ενδιαφερομένων οργανώσεων. Αι σχετικαί αποφάσεις θα ανακοινωθούν επισήμως.
ΟΙ ΔΙΑΣΩΘΕΝΤΕΣ ΑΜΕΡΙΚΑΝΟΙ ΑΣΤΡΟΝΑΥΤΑΙ ΕΦΘΑΣΑΝ ΔΙΑ ΠΟΛΕΜΙΚΟΥ ΕΙΣ ΟΚΙΝΑΒΑΝ
●●● ΣΥΝΕΧΕΙΑ ΕΚ ΤΗΣ 1ΗΣ ΣΕΛΙΔΟΣ
ΑΘΗΝΑΙ, 17. — Κατά τας πληροφορίας αι οποίαι περιήλθον εις γνώσιν των αρμοδίων υπηρεσιών, η κατάστασις εξετάζεται μετά προσοχής και αναμένονται νεώτεραι αποφάσεις. Οι εκπρόσωποι των ενδιαφερομένων κύκλων ετόνισαν ότι τα ληφθησόμενα μέτρα θα είναι προς το συμφέρον του κοινού και θα εφαρμοσθούν εντός των προσεχών ημερών. Συμφώνως προς τας ανακοινώσεις, αι συζητήσεις θα συνεχισθούν μέχρι της οριστικής λύσεως του ζητήματος. Το υπουργείον ανεκοίνωσεν ότι η εφαρμογή των σχετικών διατάξεων θα γίνη υπό την εποπτείαν των αρμοδίων αρχών, ενώ ήδη ελήφθησαν τα απαιτούμενα μέτρα δια την ομαλήν διεξαγωγήν των εργασιών. Κατόπιν τούτου αναμένεται η ταχεία διευθέτησις του θέματος. Επίσης ανεκοινώθη ότι κατά την διάρκειαν της συσκέψεως εξητάσθησαν όλαι αι πλευραί του προβλήματος και απεφασίσθη η σύστασις ειδικής επιτροπής, η οποία θα υποβάλη τα πορίσματά της εντός μηνός. Η επιτροπή θα αποτελήται εκ των εκπροσώπων των αρμοδίων υπουργείων και των ενδιαφερομένων οργανώσεων. Αι σχετικαί αποφάσεις θα ανακοινωθούν επισήμως.
Η ΔΙΑΣΩΣΙΣ
ΑΘΗΝΑΙ, 17. — Κατά τας πληροφορίας αι οποίαι περιήλθον εις γνώσιν των αρμοδίων υπηρεσιών, η κατάστασις εξετάζεται μετά προσοχής και αναμένονται νεώτεραι αποφάσεις. Οι εκπρόσωποι των ενδιαφερομένων κύκλων ετόνισαν ότι τα ληφθησόμενα μέτρα θα είναι προς το συμφέρον του κοινού και θα εφαρμοσθούν εντός των προσεχών ημερών. Συμφώνως προς τας ανακοινώσεις, αι συζητήσεις θα συνεχισθούν μέχρι της οριστικής λύσεως του ζητήματος. Το υπουργείον ανεκοίνωσεν ότι η εφαρμογή των σχετικών διατάξεων θα γίνη υπό την εποπτείαν των αρμοδίων αρχών, ενώ ήδη ελήφθησαν τα απαιτούμενα μέτρα δια την ομαλήν διεξαγωγήν των εργασιών. Κατόπιν τούτου αναμένεται η ταχεία διευθέτησις του θέματος. Επίσης ανεκοινώθη ότι κατά την διάρκειαν της συσκέψεως εξητάσθησαν όλαι αι πλευραί του προβλήματος και απεφασίσθη η σύστασις ειδικής επιτροπής, η οποία θα υποβάλη τα πορίσματά της εντός μηνός. Η επιτροπή θα αποτελήται εκ των εκπροσώπων των αρμοδίων υπουργείων και των ενδιαφερομένων οργανώσεων. Αι σχετικαί αποφάσεις θα ανακοινωθούν επισήμως.
Η ΑΓΩΝΙΑ ΤΩΝ ΟΙΚΕΙΩΝ
ΑΘΗΝΑΙ, 17. — Κατά τας πληροφορίας αι οποίαι περιήλθον εις γνώσιν των αρμοδίων υπηρεσιών, η κατάστασις εξετάζεται μετά προσοχής και αναμένονται νεώτεραι αποφάσεις. Οι εκπρόσωποι των ενδιαφερομένων κύκλων ετόνισαν ότι τα ληφθησόμενα μέτρα θα είναι προς το συμφέρον του κοινού και θα εφαρμοσθούν εντός των προσεχών ημερών. Συμφώνως προς τας ανακοινώσεις, αι συζητήσεις θα συνεχισθούν μέχρι της οριστικής λύσεως του ζητήματος. Το υπουργείον ανεκοίνωσεν ότι η εφαρμογή των σχετικών διατάξεων θα γίνη υπό την εποπτείαν των αρμοδίων αρχών, ενώ ήδη ελήφθησαν τα απαιτούμενα μέτρα δια την ομαλήν διεξαγωγήν των εργασιών. Κατόπιν τούτου αναμένεται η ταχεία διευθέτησις του θέματος. Επίσης ανεκοινώθη ότι κατά την διάρκειαν της συσκέψεως εξητάσθησαν όλαι αι πλευραί του προβλήματος και απεφασίσθη η σύστασις ειδικής επιτροπής, η οποία θα υποβάλη τα πορίσματά της εντός μηνός. Η επιτροπή θα αποτελήται εκ των εκπροσώπων των αρμοδίων υπουργείων και των ενδιαφερομένων οργανώσεων. Αι σχετικαί αποφάσεις θα ανακοινωθούν επισήμως.
ΑΦΙΞΙΣ ΕΙΣ ΟΚΙΝΑΒΑΝ
ΑΘΗΝΑΙ, 17. — Κατά τας πληροφορίας αι οποίαι περιήλθον εις γνώσιν των αρμοδίων υπηρεσιών, η κατάστασις εξετάζεται μετά προσοχής και αναμένονται νεώτεραι αποφάσεις. Οι εκπρόσωποι των ενδιαφερομένων κύκλων ετόνισαν ότι τα ληφθησόμενα μέτρα θα είναι προς το συμφέρον του κοινού και θα εφαρμοσθούν εντός των προσεχών ημερών. Συμφώνως προς τας ανακοινώσεις, αι συζητήσεις θα συνεχισθούν μέχρι της οριστικής λύσεως του ζητήματος. Το υπουργείον ανεκοίνωσεν ότι η εφαρμογή των σχετικών διατάξεων θα γίνη υπό την εποπτείαν των αρμοδίων αρχών, ενώ ήδη ελήφθησαν τα απαιτούμενα μέτρα δια την ομαλήν διεξαγωγήν των εργασιών. Κατόπιν τούτου αναμένεται η ταχεία διευθέτησις του θέματος. Επίσης ανεκοινώθη ότι κατά την διάρκειαν της συσκέψεως εξητάσθησαν όλαι αι πλευραί του προβλήματος και απεφασίσθη η σύστασις ειδικής επιτροπής, η οποία θα υποβάλη τα πορίσματά της εντός μηνός. Η επιτροπή θα αποτελήται εκ των εκπροσώπων των αρμοδίων υπουργείων και των ενδιαφερομένων οργανώσεων. Αι σχετικαί αποφάσεις θα ανακοινωθούν επισήμως.
ΣΥΝΕΧΙΖΕΤΑΙ ΤΟ «ΤΖΙΜΙΝΙ»
ΑΘΗΝΑΙ, 17. — Κατά τας πληροφορίας αι οποίαι περιήλθον εις γνώσιν των αρμοδίων υπηρεσιών, η κατάστασις εξετάζεται μετά προσοχής και αναμένονται νεώτεραι αποφάσεις. Οι εκπρόσωποι των ενδιαφερομένων κύκλων ετόνισαν ότι τα ληφθησόμενα μέτρα θα είναι προς το συμφέρον του κοινού και θα εφαρμοσθούν εντός των προσεχών ημερών. Συμφώνως προς τας ανακοινώσεις, αι συζητήσεις θα συνεχισθούν μέχρι της οριστικής λύσεως του ζητήματος. Το υπουργείον ανεκοίνωσεν ότι η εφαρμογή των σχετικών διατάξεων θα γίνη υπό την εποπτείαν των αρμοδίων αρχών, ενώ ήδη ελήφθησαν τα απαιτούμενα μέτρα δια την ομαλήν διεξαγωγήν των εργασιών. Κατόπιν τούτου αναμένεται η ταχεία διευθέτησις του θέματος. Επίσης ανεκοινώθη ότι κατά την διάρκειαν της συσκέψεως εξητάσθησαν όλαι αι πλευραί του προβλήματος και απεφασίσθη η σύστασις ειδικής επιτροπής, η οποία θα υποβάλη τα πορίσματά της εντός μηνός. Η επιτροπή θα αποτελήται εκ των εκπροσώπων των αρμοδίων υπουργείων και των ενδιαφερομένων οργανώσεων. Αι σχετικαί αποφάσεις θα ανακοινωθούν επισήμως.
ΤΟ «ΤΖΕΜΙΝΙ 9»
ΑΘΗΝΑΙ, 17. — Κατά τας πληροφορίας αι οποίαι περιήλθον εις γνώσιν των αρμοδίων υπηρεσιών, η κατάστασις εξετάζεται μετά προσοχής και αναμένονται νεώτεραι αποφάσεις. Οι εκπρόσωποι των ενδιαφερομένων κύκλων ετόνισαν ότι τα ληφθησόμενα μέτρα θα είναι προς το συμφέρον του κοινού και θα εφαρμοσθούν εντός των προσεχών ημερών. Συμφώνως προς τας ανακοινώσεις, αι συζητήσεις θα συνεχισθούν μέχρι της οριστικής λύσεως του ζητήματος. Το υπουργείον ανεκοίνωσεν ότι η εφαρμογή των σχετικών διατάξεων θα γίνη υπό την εποπτείαν των αρμοδίων αρχών, ενώ ήδη ελήφθησαν τα απαιτούμενα μέτρα δια την ομαλήν διεξαγωγήν των εργασιών. Κατόπιν τούτου αναμένεται η ταχεία διευθέτησις του θέματος. Επίσης ανεκοινώθη ότι κατά την διάρκειαν της συσκέψεως εξητάσθησαν όλαι αι πλευραί του προβλήματος και απεφασίσθη η σύστασις ειδικής επιτροπής, η οποία θα υποβάλη τα πορίσματά της εντός μηνός. Η επιτροπή θα αποτελήται εκ των εκπροσώπων των αρμοδίων υπουργείων και των ενδιαφερομένων οργανώσεων. Αι σχετικαί αποφάσεις θα ανακοινωθούν επισήμως.
ΙΚΑΝΟΠΟΙΗΜΕΝΟΣ Ο ΤΣΟΝΣΟΝ	ΠΗΤΕΡ ΑΡΝΕΤ
ΑΘΗΝΑΙ, 17. — Κατά τας πληροφορίας αι οποίαι περιήλθον εις γνώσιν των αρμοδίων υπηρεσιών, η κατάστασις εξετάζεται μετά προσοχής και αναμένονται νεώτεραι αποφάσεις. Οι εκπρόσωποι των ενδιαφερομένων κύκλων ετόνισαν ότι τα ληφθησόμενα μέτρα θα είναι προς το συμφέρον του κοινού και θα εφαρμοσθούν εντός των προσεχών ημερών. Συμφώνως προς τας ανακοινώσεις, αι συζητήσεις θα συνεχισθούν μέχρι της οριστικής λύσεως του ζητήματος. Το υπουργείον ανεκοίνωσεν ότι η εφαρμογή των σχετικών διατάξεων θα γίνη υπό την εποπτείαν των αρμοδίων αρχών, ενώ ήδη ελήφθησαν τα απαιτούμενα μέτρα δια την ομαλήν διεξαγωγήν των εργασιών. Κατόπιν τούτου αναμένεται η ταχεία διευθέτησις του θέματος. Επίσης ανεκοινώθη ότι κατά την διάρκειαν της συσκέψεως εξητάσθησαν όλαι αι πλευραί του προβλήματος και απεφασίσθη η σύστασις ειδικής επιτροπής, η οποία θα υποβάλη τα πορίσματά της εντός μηνός. Η επιτροπή θα αποτελήται εκ των εκπροσώπων των αρμοδίων υπουργείων και των ενδιαφερομένων οργανώσεων. Αι σχετικαί αποφάσεις θα ανακοινωθούν επισήμως.
ΑΥΡΙΟΝ ΘΑ ΓΙΝΟΥΝ ΑΙ ΑΝΑΚΟΙΝΩΣΕΙΣ ΔΙΑ ΤΗΝ ΣΥΜΒΑΣΙΝ ΜΕ ΤΗΝ «ΛΙΤΤΟΝ»
ΑΘΗΝΑΙ, 17. — Κατά τας πληροφορίας αι οποίαι περιήλθον εις γνώσιν των αρμοδίων υπηρεσιών, η κατάστασις εξετάζεται μετά προσοχής και αναμένονται νεώτεραι αποφάσεις. Οι εκπρόσωποι των ενδιαφερομένων κύκλων ετόνισαν ότι τα ληφθησόμενα μέτρα θα είναι προς το συμφέρον του κοινού και θα εφαρμοσθούν εντός των προσεχών ημερών. Συμφώνως προς τας ανακοινώσεις, αι συζητήσεις θα συνεχισθούν μέχρι της οριστικής λύσεως του ζητήματος. Το υπουργείον ανεκοίνωσεν ότι η εφαρμογή των σχετικών διατάξεων θα γίνη υπό την εποπτείαν των αρμοδίων αρχών, ενώ ήδη ελήφθησαν τα απαιτούμενα μέτρα δια την ομαλήν διεξαγωγήν των εργασιών. Κατόπιν τούτου αναμένεται η ταχεία διευθέτησις του θέματος. Επίσης ανεκοινώθη ότι κατά την διάρκειαν της συσκέψεως εξητάσθησαν όλαι αι πλευραί του προβλήματος και απεφασίσθη η σύστασις ειδικής επιτροπής, η οποία θα υποβάλη τα πορίσματά της εντός μηνός. Η επιτροπή θα αποτελήται εκ των εκπροσώπων των αρμοδίων υπουργείων και των ενδιαφερομένων οργανώσεων. Αι σχετικαί αποφάσεις θα ανακοινωθούν επισήμως.
ΑΜΕΙΩΤΟΝ ΠΑΡΑΜΕΝΕΙ ΤΟ ΕΝΔΙΑΦΕΡΟΝ ΤΗΣ ΕΝΩΣΕΩΣ ΚΕΝΤΡΟΥ ΔΙΑ ΤΑΣ ΠΡΟΣΦΥΓΑΣ
ΑΘΗΝΑΙ, 17. — Κατά τας πληροφορίας αι οποίαι περιήλθον εις γνώσιν των αρμοδίων υπηρεσιών, η κατάστασις εξετάζεται μετά προσοχής και αναμένονται νεώτεραι αποφάσεις. Οι εκπρόσωποι των ενδιαφερομένων κύκλων ετόνισαν ότι τα ληφθησόμενα μέτρα θα είναι προς το συμφέρον του κοινού και θα εφαρμοσθούν εντός των προσεχών ημερών. Συμφώνως προς τας ανακοινώσεις, αι συζητήσεις θα συνεχισθούν μέχρι της οριστικής λύσεως του ζητήματος. Το υπουργείον ανεκοίνωσεν ότι η εφαρμογή των σχετικών διατάξεων θα γίνη υπό την εποπτείαν των αρμοδίων αρχών, ενώ ήδη ελήφθησαν τα απαιτούμενα μέτρα δια την ομαλήν διεξαγωγήν των εργασιών. Κατόπιν τούτου αναμένεται η ταχεία διευθέτησις του θέματος. Επίσης ανεκοινώθη ότι κατά την διάρκειαν της συσκέψεως εξητάσθησαν όλαι αι πλευραί του προβλήματος και απεφασίσθη η σύστασις ειδικής επιτροπής, η οποία θα υποβάλη τα πορίσματά της εντός μηνός. Η επιτροπή θα αποτελήται εκ των εκπροσώπων των αρμοδίων υπουργείων και των ενδιαφερομένων οργανώσεων. Αι σχετικαί αποφάσεις θα ανακοινωθούν επισήμως.
ΕΠΙΚΟΙΝΩΝΙΑ ΤΟΥ Κ. ΣΤΕΦΑΝΟΠΟΥΛΟΥ ΜΕΤΑ ΤΟΥ ΚΟΙΝΟΥ
ΑΘΗΝΑΙ, 17. — Κατά τας πληροφορίας αι οποίαι περιήλθον εις γνώσιν των αρμοδίων υπηρεσιών, η κατάστασις εξετάζεται μετά προσοχής και αναμένονται νεώτεραι αποφάσεις. Οι εκπρόσωποι των ενδιαφερομένων κύκλων ετόνισαν ότι τα ληφθησόμενα μέτρα θα είναι προς το συμφέρον του κοινού και θα εφαρμοσθούν εντός των προσεχών ημερών. Συμφώνως προς τας ανακοινώσεις, αι συζητήσεις θα συνεχισθούν μέχρι της οριστικής λύσεως του ζητήματος. Το υπουργείον ανεκοίνωσεν ότι η εφαρμογή των σχετικών διατάξεων θα γίνη υπό την εποπτείαν των αρμοδίων αρχών, ενώ ήδη ελήφθησαν τα απαιτούμενα μέτρα δια την ομαλήν διεξαγωγήν των εργασιών. Κατόπιν τούτου αναμένεται η ταχεία διευθέτησις του θέματος.
ΔΑΝΕΙΑ ΕΙΣ ΑΓΡΟΤΑΣ ΔΙΑ ΤΗΝ ΕΓΚΑΤΑΣΤΑΣΙΝ ΓΕΩΡΓΟΠΛΑΣΤΙΓΓΩΝ
ΑΘΗΝΑΙ, 17. — Κατά τας πληροφορίας αι οποίαι περιήλθον εις γνώσιν των αρμοδίων υπηρεσιών, η κατάστασις εξετάζεται μετά προσοχής και αναμένονται νεώτεραι αποφάσεις. Οι εκπρόσωποι των ενδιαφερομένων κύκλων ετόνισαν ότι τα ληφθησόμενα μέτρα θα είναι προς το συμφέρον του κοινού και θα εφαρμοσθούν εντός των προσεχών ημερών. Συμφώνως προς τας ανακοινώσεις, αι συζητήσεις θα συνεχισθούν μέχρι της οριστικής λύσεως του ζητήματος. Το υπουργείον ανεκοίνωσεν ότι η εφαρμογή των σχετικών διατάξεων θα γίνη υπό την εποπτείαν των αρμοδίων αρχών, ενώ ήδη ελήφθησαν τα απαιτούμενα μέτρα δια την ομαλήν διεξαγωγήν των εργασιών. Κατόπιν τούτου αναμένεται η ταχεία διευθέτησις του θέματος.
ΠΛΕΟΝΑΣΜΑΤΑ ΤΑΜΕΙΟΥ ΘΑ ΕΠΕΝΔΥΘΟΥΝ ΕΙΣ ΟΜΟΛΟΓΙΑΣ ΤΗΣ ΔΕΗ
ΑΘΗΝΑΙ, 17. — Κατά τας πληροφορίας αι οποίαι περιήλθον εις γνώσιν των αρμοδίων υπηρεσιών, η κατάστασις εξετάζεται μετά προσοχής και αναμένονται νεώτεραι αποφάσεις. Οι εκπρόσωποι των ενδιαφερομένων κύκλων ετόνισαν ότι τα ληφθησόμενα μέτρα θα είναι προς το συμφέρον του κοινού και θα εφαρμοσθούν εντός των προσεχών ημερών. Συμφώνως προς τας ανακοινώσεις, αι συζητήσεις θα συνεχισθούν μέχρι της οριστικής λύσεως του ζητήματος. Το υπουργείον ανεκοίνωσεν ότι η εφαρμογή των σχετικών διατάξεων θα γίνη υπό την εποπτείαν των αρμοδίων αρχών, ενώ ήδη ελήφθησαν τα απαιτούμενα μέτρα δια την ομαλήν διεξαγωγήν των εργασιών. Κατόπιν τούτου αναμένεται η ταχεία διευθέτησις του θέματος.
ΧΑΡΑΚΤΗΡΙΣΜΟΣ ΟΡΓΑΝΙΣΜΩΝ ΩΣ ΚΟΙΝΗΣ ΩΦΕΛΕΙΑΣ
ΑΘΗΝΑΙ, 17. — Κατά τας πληροφορίας αι οποίαι περιήλθον εις γνώσιν των αρμοδίων υπηρεσιών, η κατάστασις εξετάζεται μετά προσοχής και αναμένονται νεώτεραι αποφάσεις. Οι εκπρόσωποι των ενδιαφερομένων κύκλων ετόνισαν ότι τα ληφθησόμενα μέτρα θα είναι προς το συμφέρον του κοινού και θα εφαρμοσθούν εντός των προσεχών ημερών. Συμφώνως προς τας ανακοινώσεις, αι συζητήσεις θα συνεχισθούν μέχρι της οριστικής λύσεως του ζητήματος. Το υπουργείον ανεκοίνωσεν ότι η εφαρμογή των σχετικών διατάξεων θα γίνη υπό την εποπτείαν των αρμοδίων αρχών, ενώ ήδη ελήφθησαν τα απαιτούμενα μέτρα δια την ομαλήν διεξαγωγήν των εργασιών. Κατόπιν τούτου αναμένεται η ταχεία διευθέτησις του θέματος.
ΜΕΙΩΜΕΝΑ ΤΑ ΚΟΝΔΥΛΙΑ ΔΙΑ ΣΧΟΛΙΚΑ ΕΡΓΑ ΕΙΣ ΤΟΝ ΝΟΜΟΝ ΕΒΡΟΥ
ΑΘΗΝΑΙ, 17. — Κατά τας πληροφορίας αι οποίαι περιήλθον εις γνώσιν των αρμοδίων υπηρεσιών, η κατάστασις εξετάζεται μετά προσοχής και αναμένονται νεώτεραι αποφάσεις. Οι εκπρόσωποι των ενδιαφερομένων κύκλων ετόνισαν ότι τα ληφθησόμενα μέτρα θα είναι προς το συμφέρον του κοινού και θα εφαρμοσθούν εντός των προσεχών ημερών. Συμφώνως προς τας ανακοινώσεις, αι συζητήσεις θα συνεχισθούν μέχρι της οριστικής λύσεως του ζητήματος. Το υπουργείον ανεκοίνωσεν ότι η εφαρμογή των σχετικών διατάξεων θα γίνη υπό την εποπτείαν των αρμοδίων αρχών, ενώ ήδη ελήφθησαν τα απαιτούμενα μέτρα δια την ομαλήν διεξαγωγήν των εργασιών. Κατόπιν τούτου αναμένεται η ταχεία διευθέτησις του θέματος.
ΑΝΕΒΛΗΘΗ Η ΑΦΙΞΙΣ ΤΟΥ ΥΠΟΥΡΓΟΥ ΑΜΥΝΗΣ
ΑΘΗΝΑΙ, 17. — Κατά τας πληροφορίας αι οποίαι περιήλθον εις γνώσιν των αρμοδίων υπηρεσιών, η κατάστασις εξετάζεται μετά προσοχής και αναμένονται νεώτεραι αποφάσεις. Οι εκπρόσωποι των ενδιαφερομένων κύκλων ετόνισαν ότι τα ληφθησόμενα μέτρα θα είναι προς το συμφέρον του κοινού και θα εφαρμοσθούν εντός των προσεχών ημερών. Συμφώνως προς τας ανακοινώσεις, αι συζητήσεις θα συνεχισθούν μέχρι της οριστικής λύσεως του ζητήματος. Το υπουργείον ανεκοίνωσεν ότι η εφαρμογή των σχετικών διατάξεων θα γίνη υπό την εποπτείαν των αρμοδίων αρχών, ενώ ήδη ελήφθησαν τα απαιτούμενα μέτρα δια την ομαλήν διεξαγωγήν των εργασιών. Κατόπιν τούτου αναμένεται η ταχεία διευθέτησις του θέματος.
Η ΠΡΟΫΠΗΡΕΣΙΑ ΤΩΝ ΦΑΡΜΑΚΟΠΟΙΩΝ
ΑΘΗΝΑΙ, 17. — Κατά τας πληροφορίας αι οποίαι περιήλθον εις γνώσιν των αρμοδίων υπηρεσιών, η κατάστασις εξετάζεται μετά προσοχής και αναμένονται νεώτεραι αποφάσεις. Οι εκπρόσωποι των ενδιαφερομένων κύκλων ετόνισαν ότι τα ληφθησόμενα μέτρα θα είναι προς το συμφέρον του κοινού και θα εφαρμοσθούν εντός των προσεχών ημερών. Συμφώνως προς τας ανακοινώσεις, αι συζητήσεις θα συνεχισθούν μέχρι της οριστικής λύσεως του ζητήματος. Το υπουργείον ανεκοίνωσεν ότι η εφαρμογή των σχετικών διατάξεων θα γίνη υπό την εποπτείαν των αρμοδίων αρχών, ενώ ήδη ελήφθησαν τα απαιτούμενα μέτρα δια την ομαλήν διεξαγωγήν των εργασιών. Κατόπιν τούτου αναμένεται η ταχεία διευθέτησις του θέματος.
ΣΥΝΕΔΡΙΟΝ ΜΥΛΩΝΙΩΝ ΕΙΣ ΘΕΣΣΑΛΟΝΙΚΗΝ
ΑΘΗΝΑΙ, 17. — Κατά τας πληροφορίας αι οποίαι περιήλθον εις γνώσιν των αρμοδίων υπηρεσιών, η κατάστασις εξετάζεται μετά προσοχής και αναμένονται νεώτεραι αποφάσεις. Οι εκπρόσωποι των ενδιαφερομένων κύκλων ετόνισαν ότι τα ληφθησόμενα μέτρα θα είναι προς το συμφέρον του κοινού και θα εφαρμοσθούν εντός των προσεχών ημερών. Συμφώνως προς τας ανακοινώσεις, αι συζητήσεις θα συνεχισθούν μέχρι της οριστικής λύσεως του ζητήματος. Το υπουργείον ανεκοίνωσεν ότι η εφαρμογή των σχετικών διατάξεων θα γίνη υπό την εποπτείαν των αρμοδίων αρχών, ενώ ήδη ελήφθησαν τα απαιτούμενα μέτρα δια την ομαλήν διεξαγωγήν των εργασιών. Κατόπιν τούτου αναμένεται η ταχεία διευθέτησις του θέματος.
ΕΥΡΕΘΗ ΑΝΗΓΧΟΝΙΣΜΕΝΟΣ ΕΙΣ ΤΟ ΚΑΤΑΣΤΗΜΑ ΤΟΥ
ΑΘΗΝΑΙ, 17. — Κατά τας πληροφορίας αι οποίαι περιήλθον εις γνώσιν των αρμοδίων υπηρεσιών, η κατάστασις εξετάζεται μετά προσοχής και αναμένονται νεώτεραι αποφάσεις. Οι εκπρόσωποι των ενδιαφερομένων κύκλων ετόνισαν ότι τα ληφθησόμενα μέτρα θα είναι προς το συμφέρον του κοινού και θα εφαρμοσθούν εντός των προσεχών ημερών. Συμφώνως προς τας ανακοινώσεις, αι συζητήσεις θα συνεχισθούν μέχρι της οριστικής λύσεως του ζητήματος. Το υπουργείον ανεκοίνωσεν ότι η εφαρμογή των σχετικών διατάξεων θα γίνη υπό την εποπτείαν των αρμοδίων αρχών, ενώ ήδη ελήφθησαν τα απαιτούμενα μέτρα δια την ομαλήν διεξαγωγήν των εργασιών. Κατόπιν τούτου αναμένεται η ταχεία διευθέτησις του θέματος.
ΑΙΦΝΙΔΙΟΣ ΘΑΝΑΤΟΣ
ΑΘΗΝΑΙ, 17. — Κατά τας πληροφορίας αι οποίαι περιήλθον εις γνώσιν των αρμοδίων υπηρεσιών, η κατάστασις εξετάζεται μετά προσοχής και αναμένονται νεώτεραι αποφάσεις. Οι εκπρόσωποι των ενδιαφερομένων κύκλων ετόνισαν ότι τα ληφθησόμενα μέτρα θα είναι προς το συμφέρον του κοινού και θα εφαρμοσθούν εντός των προσεχών ημερών. Συμφώνως προς τας ανακοινώσεις, αι συζητήσεις θα συνεχισθούν μέχρι της οριστικής λύσεως του ζητήματος. Το υπουργείον ανεκοίνωσεν ότι η εφαρμογή των σχετικών διατάξεων θα γίνη υπό την εποπτείαν των αρμοδίων αρχών, ενώ ήδη ελήφθησαν τα απαιτούμενα μέτρα δια την ομαλήν διεξαγωγήν των εργασιών. Κατόπιν τούτου αναμένεται η ταχεία διευθέτησις του θέματος.
ΠΥΡΚΑΪΑ ΕΙΣ ΣΥΝΕΡΓΕΙΟΝ
ΑΘΗΝΑΙ, 17. — Κατά τας πληροφορίας αι οποίαι περιήλθον εις γνώσιν των αρμοδίων υπηρεσιών, η κατάστασις εξετάζεται μετά προσοχής και αναμένονται νεώτεραι αποφάσεις. Οι εκπρόσωποι των ενδιαφερομένων κύκλων ετόνισαν ότι τα ληφθησόμενα μέτρα θα είναι προς το συμφέρον του κοινού και θα εφαρμοσθούν εντός των προσεχών ημερών. Συμφώνως προς τας ανακοινώσεις, αι συζητήσεις θα συνεχισθούν μέχρι της οριστικής λύσεως του ζητήματος. Το υπουργείον ανεκοίνωσεν ότι η εφαρμογή των σχετικών διατάξεων θα γίνη υπό την εποπτείαν των αρμοδίων αρχών, ενώ ήδη ελήφθησαν τα απαιτούμενα μέτρα δια την ομαλήν διεξαγωγήν των εργασιών. Κατόπιν τούτου αναμένεται η ταχεία διευθέτησις του θέματος.
Σελίς 7
ΔΡΙΜΥ ΨΥΧΟΣ ΕΠΙΚΡΑΤΕΙ ΕΙΣ ΤΗΝ ΕΛΛΑΔΑ ΕΣΗΜΕΙΩΘΗΣΑΝ ΔΕ ΚΑΙ ΝΕΑΙ ΧΙΟΝΟΠΤΩΣΕΙΣ
ΜΕΓΑΛΑΙ ΚΑΤΑΣΤΡΟΦΑΙ ΕΙΣ ΤΗΝ ΑΡΓΕΝΤΙΝΗΝ
ΑΘΗΝΑΙ, 17. — Κατά τας πληροφορίας αι οποίαι περιήλθον εις γνώσιν των αρμοδίων υπηρεσιών, η κατάστασις εξετάζεται μετά προσοχής και αναμένονται νεώτεραι αποφάσεις. Οι εκπρόσωποι των ενδιαφερομένων κύκλων ετόνισαν ότι τα ληφθησόμενα μέτρα θα είναι προς το συμφέρον του κοινού και θα εφαρμοσθούν εντός των προσεχών ημερών. Συμφώνως προς τας ανακοινώσεις, αι συζητήσεις θα συνεχισθούν μέχρι της οριστικής λύσεως του ζητήματος. Το υπουργείον ανεκοίνωσεν ότι η εφαρμογή των σχετικών διατάξεων θα γίνη υπό την εποπτείαν των αρμοδίων αρχών, ενώ ήδη ελήφθησαν τα απαιτούμενα μέτρα δια την ομαλήν διεξαγωγήν των εργασιών. Κατόπιν τούτου αναμένεται η ταχεία διευθέτησις του θέματος.
ΧΙΟΝΟΠΤΩΣΙΣ ΕΙΣ ΦΛΩΡΙΝΑΝ
ΑΘΗΝΑΙ, 17. — Κατά τας πληροφορίας αι οποίαι περιήλθον εις γνώσιν των αρμοδίων υπηρεσιών, η κατάστασις εξετάζεται μετά προσοχής και αναμένονται νεώτεραι αποφάσεις. Οι εκπρόσωποι των ενδιαφερομένων κύκλων ετόνισαν ότι τα ληφθησόμενα μέτρα θα είναι προς το συμφέρον του κοινού και θα εφαρμοσθούν εντός των προσεχών ημερών. Συμφώνως προς τας ανακοινώσεις, αι συζητήσεις θα συνεχισθούν μέχρι της οριστικής λύσεως του ζητήματος. Το υπουργείον ανεκοίνωσεν ότι η εφαρμογή των σχετικών διατάξεων θα γίνη υπό την εποπτείαν των αρμοδίων αρχών, ενώ ήδη ελήφθησαν τα απαιτούμενα μέτρα δια την ομαλήν διεξαγωγήν των εργασιών. Κατόπιν τούτου αναμένεται η ταχεία διευθέτησις του θέματος. Επίσης ανεκοινώθη ότι κατά την διάρκειαν της συσκέψεως εξητάσθησαν όλαι αι πλευραί του προβλήματος και απεφασίσθη η σύστασις ειδικής επιτροπής, η οποία θα υποβάλη τα πορίσματά της εντός μηνός. Η επιτροπή θα αποτελήται εκ των εκπροσώπων των αρμοδίων υπουργείων και των ενδιαφερομένων οργανώσεων. Αι σχετικαί αποφάσεις θα ανακοινωθούν επισήμως.
Ο ΚΑΙΡΟΣ ΣΗΜΕΡΟΝ
ΑΘΗΝΑΙ, 17. — Κατά τας πληροφορίας αι οποίαι περιήλθον εις γνώσιν των αρμοδίων υπηρεσιών, η κατάστασις εξετάζεται μετά προσοχής και αναμένονται νεώτεραι αποφάσεις. Οι εκπρόσωποι των ενδιαφερομένων κύκλων ετόνισαν ότι τα ληφθησόμενα μέτρα θα είναι προς το συμφέρον του κοινού και θα εφαρμοσθούν εντός των προσεχών ημερών. Συμφώνως προς τας ανακοινώσεις, αι συζητήσεις θα συνεχισθούν μέχρι της οριστικής λύσεως του ζητήματος. Το υπουργείον ανεκοίνωσεν ότι η εφαρμογή των σχετικών διατάξεων θα γίνη υπό την εποπτείαν των αρμοδίων αρχών, ενώ ήδη ελήφθησαν τα απαιτούμενα μέτρα δια την ομαλήν διεξαγωγήν των εργασιών. Κατόπιν τούτου αναμένεται η ταχεία διευθέτησις του θέματος. Επίσης ανεκοινώθη ότι κατά την διάρκειαν της συσκέψεως εξητάσθησαν όλαι αι πλευραί του προβλήματος και απεφασίσθη η σύστασις ειδικής επιτροπής, η οποία θα υποβάλη τα πορίσματά της εντός μηνός. Η επιτροπή θα αποτελήται εκ των εκπροσώπων των αρμοδίων υπουργείων και των ενδιαφερομένων οργανώσεων. Αι σχετικαί αποφάσεις θα ανακοινωθούν επισήμως.
ΚΑΤΑΣΤΡΟΦΑΙ ΦΡΟΥΤΟΠΑΡΑΓΩΓΗΣ
ΑΘΗΝΑΙ, 17. — Κατά τας πληροφορίας αι οποίαι περιήλθον εις γνώσιν των αρμοδίων υπηρεσιών, η κατάστασις εξετάζεται μετά προσοχής και αναμένονται νεώτεραι αποφάσεις. Οι εκπρόσωποι των ενδιαφερομένων κύκλων ετόνισαν ότι τα ληφθησόμενα μέτρα θα είναι προς το συμφέρον του κοινού και θα εφαρμοσθούν εντός των προσεχών ημερών. Συμφώνως προς τας ανακοινώσεις, αι συζητήσεις θα συνεχισθούν μέχρι της οριστικής λύσεως του ζητήματος. Το υπουργείον ανεκοίνωσεν ότι η εφαρμογή των σχετικών διατάξεων θα γίνη υπό την εποπτείαν των αρμοδίων αρχών, ενώ ήδη ελήφθησαν τα απαιτούμενα μέτρα δια την ομαλήν διεξαγωγήν των εργασιών. Κατόπιν τούτου αναμένεται η ταχεία διευθέτησις του θέματος.
ΤΡΟΜΕΡΑΙ ΚΑΤΑΣΤΡΟΦΑΙ
ΑΘΗΝΑΙ, 17. — Κατά τας πληροφορίας αι οποίαι περιήλθον εις γνώσιν των αρμοδίων υπηρεσιών, η κατάστασις εξετάζεται μετά προσοχής και αναμένονται νεώτεραι αποφάσεις. Οι εκπρόσωποι των ενδιαφερομένων κύκλων ετόνισαν ότι τα ληφθησόμενα μέτρα θα είναι προς το συμφέρον του κοινού και θα εφαρμοσθούν εντός των προσεχών ημερών. Συμφώνως προς τας ανακοινώσεις, αι συζητήσεις θα συνεχισθούν μέχρι της οριστικής λύσεως του ζητήματος. Το υπουργείον ανεκοίνωσεν ότι η εφαρμογή των σχετικών διατάξεων θα γίνη υπό την εποπτείαν των αρμοδίων αρχών, ενώ ήδη ελήφθησαν τα απαιτούμενα μέτρα δια την ομαλήν διεξαγωγήν των εργασιών. Κατόπιν τούτου αναμένεται η ταχεία διευθέτησις του θέματος.
ΧΙΟΝΟΠΤΩΣΙΣ ΤΑ ΟΠΩΡΟΚΗΠΕΥΤΙΚΑ
ΑΘΗΝΑΙ, 17. — Κατά τας πληροφορίας αι οποίαι περιήλθον εις γνώσιν των αρμοδίων υπηρεσιών, η κατάστασις εξετάζεται μετά προσοχής και αναμένονται νεώτεραι αποφάσεις. Οι εκπρόσωποι των ενδιαφερομένων κύκλων ετόνισαν ότι τα ληφθησόμενα μέτρα θα είναι προς το συμφέρον του κοινού και θα εφαρμοσθούν εντός των προσεχών ημερών. Συμφώνως προς τας ανακοινώσεις, αι συζητήσεις θα συνεχισθούν μέχρι της οριστικής λύσεως του ζητήματος. Το υπουργείον ανεκοίνωσεν ότι η εφαρμογή των σχετικών διατάξεων θα γίνη υπό την εποπτείαν των αρμοδίων αρχών, ενώ ήδη ελήφθησαν τα απαιτούμενα μέτρα δια την ομαλήν διεξαγωγήν των εργασιών. Κατόπιν τούτου αναμένεται η ταχεία διευθέτησις του θέματος.
ΠΙΣΤΩΣΙΣ 400.000.000 ΔΡΧ. ΔΙΕΤΕΘΗ ΕΙΣ ΤΗΝ Α.Τ.Ε. ΔΙΑ ΤΗΝ ΠΛΗΡΩΜΗΝ ΤΗΣ ΑΞΙΑΣ ΚΑΠΝΩΝ ΕΣΟΔΕΙΑΣ 1965
ΑΘΗΝΑΙ, 17. — Κατά τας πληροφορίας αι οποίαι περιήλθον εις γνώσιν των αρμοδίων υπηρεσιών, η κατάστασις εξετάζεται μετά προσοχής και αναμένονται νεώτεραι αποφάσεις. Οι εκπρόσωποι των ενδιαφερομένων κύκλων ετόνισαν ότι τα ληφθησόμενα μέτρα θα είναι προς το συμφέρον του κοινού και θα εφαρμοσθούν εντός των προσεχών ημερών. Συμφώνως προς τας ανακοινώσεις, αι συζητήσεις θα συνεχισθούν μέχρι της οριστικής λύσεως του ζητήματος. Το υπουργείον ανεκοίνωσεν ότι η εφαρμογή των σχετικών διατάξεων θα γίνη υπό την εποπτείαν των αρμοδίων αρχών, ενώ ήδη ελήφθησαν τα απαιτούμενα μέτρα δια την ομαλήν διεξαγωγήν των εργασιών. Κατόπιν τούτου αναμένεται η ταχεία διευθέτησις του θέματος. Επίσης ανεκοινώθη ότι κατά την διάρκειαν της συσκέψεως εξητάσθησαν όλαι αι πλευραί του προβλήματος και απεφασίσθη η σύστασις ειδικής επιτροπής, η οποία θα υποβάλη τα πορίσματά της εντός μηνός. Η επιτροπή θα αποτελήται εκ των εκπροσώπων των αρμοδίων υπουργείων και των ενδιαφερομένων οργανώσεων. Αι σχετικαί αποφάσεις θα ανακοινωθούν επισήμως.
ΤΟ ΥΠΟΥΡΓΕΙΟΝ ΕΜΠΟΡΙΟΥ ΣΥΝΙΣΤΑ ΕΠΑΝΕΞΕΤΑΣΙΝ ΤΟΥ ΘΕΜΑΤΟΣ ΤΗΣ ΕΙΣΑΓΩΓΗΣ ΞΕΝΩΝ ΑΝΑΨΥΚΤΙΚΩΝ
ΑΘΗΝΑΙ, 17. — Κατά τας πληροφορίας αι οποίαι περιήλθον εις γνώσιν των αρμοδίων υπηρεσιών, η κατάστασις εξετάζεται μετά προσοχής και αναμένονται νεώτεραι αποφάσεις. Οι εκπρόσωποι των ενδιαφερομένων κύκλων ετόνισαν ότι τα ληφθησόμενα μέτρα θα είναι προς το συμφέρον του κοινού και θα εφαρμοσθούν εντός των προσεχών ημερών. Συμφώνως προς τας ανακοινώσεις, αι συζητήσεις θα συνεχισθούν μέχρι της οριστικής λύσεως του ζητήματος. Το υπουργείον ανεκοίνωσεν ότι η εφαρμογή των σχετικών διατάξεων θα γίνη υπό την εποπτείαν των αρμοδίων αρχών, ενώ ήδη ελήφθησαν τα απαιτούμενα μέτρα δια την ομαλήν διεξαγωγήν των εργασιών. Κατόπιν τούτου αναμένεται η ταχεία διευθέτησις του θέματος. Επίσης ανεκοινώθη ότι κατά την διάρκειαν της συσκέψεως εξητάσθησαν όλαι αι πλευραί του προβλήματος και απεφασίσθη η σύστασις ειδικής επιτροπής, η οποία θα υποβάλη τα πορίσματά της εντός μηνός. Η επιτροπή θα αποτελήται εκ των εκπροσώπων των αρμοδίων υπουργείων και των ενδιαφερομένων οργανώσεων. Αι σχετικαί αποφάσεις θα ανακοινωθούν επισήμως.
ΟΡΓΑΝΩΣΕΙΣ ΔΙΑΜΑΡΤΥΡΙΑΣ ΑΡΙΣΤΕΡΩΝ ΕΙΣ ΓΑΛΛΙΑΝ ΔΙΑ ΤΑΣ ΔΙΩΞΕΙΣ ΑΝΤΙΣΤΑΣΙΑΚΩΝ ΕΙΣ ΤΗΝ ΕΛΛΑΔΑ
ΑΘΗΝΑΙ, 17. — Κατά τας πληροφορίας αι οποίαι περιήλθον εις γνώσιν των αρμοδίων υπηρεσιών, η κατάστασις εξετάζεται μετά προσοχής και αναμένονται νεώτεραι αποφάσεις. Οι εκπρόσωποι των ενδιαφερομένων κύκλων ετόνισαν ότι τα ληφθησόμενα μέτρα θα είναι προς το συμφέρον του κοινού και θα εφαρμοσθούν εντός των προσεχών ημερών. Συμφώνως προς τας ανακοινώσεις, αι συζητήσεις θα συνεχισθούν μέχρι της οριστικής λύσεως του ζητήματος. Το υπουργείον ανεκοίνωσεν ότι η εφαρμογή των σχετικών διατάξεων θα γίνη υπό την εποπτείαν των αρμοδίων αρχών, ενώ ήδη ελήφθησαν τα απαιτούμενα μέτρα δια την ομαλήν διεξαγωγήν των εργασιών. Κατόπιν τούτου αναμένεται η ταχεία διευθέτησις του θέματος. Επίσης ανεκοινώθη ότι κατά την διάρκειαν της συσκέψεως εξητάσθησαν όλαι αι πλευραί του προβλήματος και απεφασίσθη η σύστασις ειδικής επιτροπής, η οποία θα υποβάλη τα πορίσματά της εντός μηνός. Η επιτροπή θα αποτελήται εκ των εκπροσώπων των αρμοδίων υπουργείων και των ενδιαφερομένων οργανώσεων. Αι σχετικαί αποφάσεις θα ανακοινωθούν επισήμως.
ΕΙΣ ΕΝΙΑΙΟΝ ΦΟΡΕΑ ΠΡΟΚΕΙΤΑΙ ΝΑ ΥΠΑΧΘΗ ΕΦΕΞΗΣ Η ΑΣΤΥΝΟΜΕΥΣΙΣ ΤΟΥ ΑΕΡΟΛΙΜΕΝΟΣ ΕΛΛΗΝΙΚΟΥ
ΑΘΗΝΑΙ, 17. — Κατά τας πληροφορίας αι οποίαι περιήλθον εις γνώσιν των αρμοδίων υπηρεσιών, η κατάστασις εξετάζεται μετά προσοχής και αναμένονται νεώτεραι αποφάσεις. Οι εκπρόσωποι των ενδιαφερομένων κύκλων ετόνισαν ότι τα ληφθησόμενα μέτρα θα είναι προς το συμφέρον του κοινού και θα εφαρμοσθούν εντός των προσεχών ημερών. Συμφώνως προς τας ανακοινώσεις, αι συζητήσεις θα συνεχισθούν μέχρι της οριστικής λύσεως του ζητήματος. Το υπουργείον ανεκοίνωσεν ότι η εφαρμογή των σχετικών διατάξεων θα γίνη υπό την εποπτείαν των αρμοδίων αρχών, ενώ ήδη ελήφθησαν τα απαιτούμενα μέτρα δια την ομαλήν διεξαγωγήν των εργασιών. Κατόπιν τούτου αναμένεται η ταχεία διευθέτησις του θέματος. Επίσης ανεκοινώθη ότι κατά την διάρκειαν της συσκέψεως εξητάσθησαν όλαι αι πλευραί του προβλήματος και απεφασίσθη η σύστασις ειδικής επιτροπής, η οποία θα υποβάλη τα πορίσματά της εντός μηνός. Η επιτροπή θα αποτελήται εκ των εκπροσώπων των αρμοδίων υπουργείων και των ενδιαφερομένων οργανώσεων. Αι σχετικαί αποφάσεις θα ανακοινωθούν επισήμως.
ΚΑΤΗΘΟΝ ΕΙΣ ΠΑΝΕΛΛΗΝΙΟΝ ΤΡΙΗΜΕΡΟΝ ΑΠΕΡΓΙΑΝ ΟΛΟΙ ΟΙ ΕΠΙΜΕΛΗΤΑΙ ΤΩΝ ΔΙΚΑΣΤΗΡΙΩΝ ΑΝΗΛΙΚΩΝ
ΑΘΗΝΑΙ, 17. — Κατά τας πληροφορίας αι οποίαι περιήλθον εις γνώσιν των αρμοδίων υπηρεσιών, η κατάστασις εξετάζεται μετά προσοχής και αναμένονται νεώτεραι αποφάσεις. Οι εκπρόσωποι των ενδιαφερομένων κύκλων ετόνισαν ότι τα ληφθησόμενα μέτρα θα είναι προς το συμφέρον του κοινού και θα εφαρμοσθούν εντός των προσεχών ημερών. Συμφώνως προς τας ανακοινώσεις, αι συζητήσεις θα συνεχισθούν μέχρι της οριστικής λύσεως του ζητήματος. Το υπουργείον ανεκοίνωσεν ότι η εφαρμογή των σχετικών διατάξεων θα γίνη υπό την εποπτείαν των αρμοδίων αρχών, ενώ ήδη ελήφθησαν τα απαιτούμενα μέτρα δια την ομαλήν διεξαγωγήν των εργασιών. Κατόπιν τούτου αναμένεται η ταχεία διευθέτησις του θέματος. Επίσης ανεκοινώθη ότι κατά την διάρκειαν της συσκέψεως εξητάσθησαν όλαι αι πλευραί του προβλήματος και απεφασίσθη η σύστασις ειδικής επιτροπής, η οποία θα υποβάλη τα πορίσματά της εντός μηνός. Η επιτροπή θα αποτελήται εκ των εκπροσώπων των αρμοδίων υπουργείων και των ενδιαφερομένων οργανώσεων. Αι σχετικαί αποφάσεις θα ανακοινωθούν επισήμως.
ΑΡΧΙΖΕΙ ΤΗΝ ΔΕΥΤΕΡΑΝ Ο ΑΠΕΡΓΙΑΚΟΣ ΑΓΩΝ ΤΩΝ ΙΔΙΟΚΤΗΤΩΝ ΠΕΡΑΣΤΙΚΩΝ ΛΕΩΦΟΡΕΙΩΝ
ΑΘΗΝΑΙ, 17. — Κατά τας πληροφορίας αι οποίαι περιήλθον εις γνώσιν των αρμοδίων υπηρεσιών, η κατάστασις εξετάζεται μετά προσοχής και αναμένονται νεώτεραι αποφάσεις. Οι εκπρόσωποι των ενδιαφερομένων κύκλων ετόνισαν ότι τα ληφθησόμενα μέτρα θα είναι προς το συμφέρον του κοινού και θα εφαρμοσθούν εντός των προσεχών ημερών. Συμφώνως προς τας ανακοινώσεις, αι συζητήσεις θα συνεχισθούν μέχρι της οριστικής λύσεως του ζητήματος. Το υπουργείον ανεκοίνωσεν ότι η εφαρμογή των σχετικών διατάξεων θα γίνη υπό την εποπτείαν των αρμοδίων αρχών, ενώ ήδη ελήφθησαν τα απαιτούμενα μέτρα δια την ομαλήν διεξαγωγήν των εργασιών. Κατόπιν τούτου αναμένεται η ταχεία διευθέτησις του θέματος.
ΕΙΣ ΠΕΛΟΠΟΝΝΗΣΟΝ
ΑΘΗΝΑΙ, 17. — Κατά τας πληροφορίας αι οποίαι περιήλθον εις γνώσιν των αρμοδίων υπηρεσιών, η κατάστασις εξετάζεται μετά προσοχής και αναμένονται νεώτεραι αποφάσεις. Οι εκπρόσωποι των ενδιαφερομένων κύκλων ετόνισαν ότι τα ληφθησόμενα μέτρα θα είναι προς το συμφέρον του κοινού και θα εφαρμοσθούν εντός των προσεχών ημερών. Συμφώνως προς τας ανακοινώσεις, αι συζητήσεις θα συνεχισθούν μέχρι της οριστικής λύσεως του ζητήματος. Το υπουργείον ανεκοίνωσεν ότι η εφαρμογή των σχετικών διατάξεων θα γίνη υπό την εποπτείαν των αρμοδίων αρχών, ενώ ήδη ελήφθησαν τα απαιτούμενα μέτρα δια την ομαλήν διεξαγωγήν των εργασιών. Κατόπιν τούτου αναμένεται η ταχεία διευθέτησις του θέματος.
ΑΙ 14 ΧΩΡΑΙ ΤΟΥ ΝΑΤΟ ΕΙΝΑΙ ΑΠΟΦΑΣΙΣΜΕΝΑΙ ΝΑ ΔΙΑΤΗΡΗΣΟΥΝ ΤΗΝ ΠΑΡΟΥΣΑΝ ΟΡΓΑΝΩΣΙΝ
▶▶▶ ΣΥΝΕΧΕΙΑ ΕΚ ΤΗΣ 1ΗΣ ΣΕΛΙΔΟΣ
ΑΘΗΝΑΙ, 17. — Κατά τας πληροφορίας αι οποίαι περιήλθον εις γνώσιν των αρμοδίων υπηρεσιών, η κατάστασις εξετάζεται μετά προσοχής και αναμένονται νεώτεραι αποφάσεις. Οι εκπρόσωποι των ενδιαφερομένων κύκλων ετόνισαν ότι τα ληφθησόμενα μέτρα θα είναι προς το συμφέρον του κοινού και θα εφαρμοσθούν εντός των προσεχών ημερών. Συμφώνως προς τας ανακοινώσεις, αι συζητήσεις θα συνεχισθούν μέχρι της οριστικής λύσεως του ζητήματος. Το υπουργείον ανεκοίνωσεν ότι η εφαρμογή των σχετικών διατάξεων θα γίνη υπό την εποπτείαν των αρμοδίων αρχών, ενώ ήδη ελήφθησαν τα απαιτούμενα μέτρα δια την ομαλήν διεξαγωγήν των εργασιών. Κατόπιν τούτου αναμένεται η ταχεία διευθέτησις του θέματος. Επίσης ανεκοινώθη ότι κατά την διάρκειαν της συσκέψεως εξητάσθησαν όλαι αι πλευραί του προβλήματος και απεφασίσθη η σύστασις ειδικής επιτροπής, η οποία θα υποβάλη τα πορίσματά της εντός μηνός. Η επιτροπή θα αποτελήται εκ των εκπροσώπων των αρμοδίων υπουργείων και των ενδιαφερομένων οργανώσεων. Αι σχετικαί αποφάσεις θα ανακοινωθούν επισήμως.
ΑΘΗΝΑΙ, 17. — Κατά τας πληροφορίας αι οποίαι περιήλθον εις γνώσιν των αρμοδίων υπηρεσιών, η κατάστασις εξετάζεται μετά προσοχής και αναμένονται νεώτεραι αποφάσεις. Οι εκπρόσωποι των ενδιαφερομένων κύκλων ετόνισαν ότι τα ληφθησόμενα μέτρα θα είναι προς το συμφέρον του κοινού και θα εφαρμοσθούν εντός των προσεχών ημερών. Συμφώνως προς τας ανακοινώσεις, αι συζητήσεις θα συνεχισθούν μέχρι της οριστικής λύσεως του ζητήματος. Το υπουργείον ανεκοίνωσεν ότι η εφαρμογή των σχετικών διατάξεων θα γίνη υπό την εποπτείαν των αρμοδίων αρχών, ενώ ήδη ελήφθησαν τα απαιτούμενα μέτρα δια την ομαλήν διεξαγωγήν των εργασιών. Κατόπιν τούτου αναμένεται η ταχεία διευθέτησις του θέματος.
Η ΘΕΣΙΣ ΤΗΣ ΤΟΥΡΚΙΑΣ
ΑΘΗΝΑΙ, 17. — Κατά τας πληροφορίας αι οποίαι περιήλθον εις γνώσιν των αρμοδίων υπηρεσιών, η κατάστασις εξετάζεται μετά προσοχής και αναμένονται νεώτεραι αποφάσεις. Οι εκπρόσωποι των ενδιαφερομένων κύκλων ετόνισαν ότι τα ληφθησόμενα μέτρα θα είναι προς το συμφέρον του κοινού και θα εφαρμοσθούν εντός των προσεχών ημερών. Συμφώνως προς τας ανακοινώσεις, αι συζητήσεις θα συνεχισθούν μέχρι της οριστικής λύσεως του ζητήματος. Το υπουργείον ανεκοίνωσεν ότι η εφαρμογή των σχετικών διατάξεων θα γίνη υπό την εποπτείαν των αρμοδίων αρχών, ενώ ήδη ελήφθησαν τα απαιτούμενα μέτρα δια την ομαλήν διεξαγωγήν των εργασιών. Κατόπιν τούτου αναμένεται η ταχεία διευθέτησις του θέματος.
ΔΙΑ ΔΙΑΤΗΡΗΣΙΝ Η ΟΡΓΑΝΩΣΙΣ
ΑΘΗΝΑΙ, 17. — Κατά τας πληροφορίας αι οποίαι περιήλθον εις γνώσιν των αρμοδίων υπηρεσιών, η κατάστασις εξετάζεται μετά προσοχής και αναμένονται νεώτεραι αποφάσεις. Οι εκπρόσωποι των ενδιαφερομένων κύκλων ετόνισαν ότι τα ληφθησόμενα μέτρα θα είναι προς το συμφέρον του κοινού και θα εφαρμοσθούν εντός των προσεχών ημερών. Συμφώνως προς τας ανακοινώσεις, αι συζητήσεις θα συνεχισθούν μέχρι της οριστικής λύσεως του ζητήματος. Το υπουργείον ανεκοίνωσεν ότι η εφαρμογή των σχετικών διατάξεων θα γίνη υπό την εποπτείαν των αρμοδίων αρχών, ενώ ήδη ελήφθησαν τα απαιτούμενα μέτρα δια την ομαλήν διεξαγωγήν των εργασιών. Κατόπιν τούτου αναμένεται η ταχεία διευθέτησις του θέματος.
